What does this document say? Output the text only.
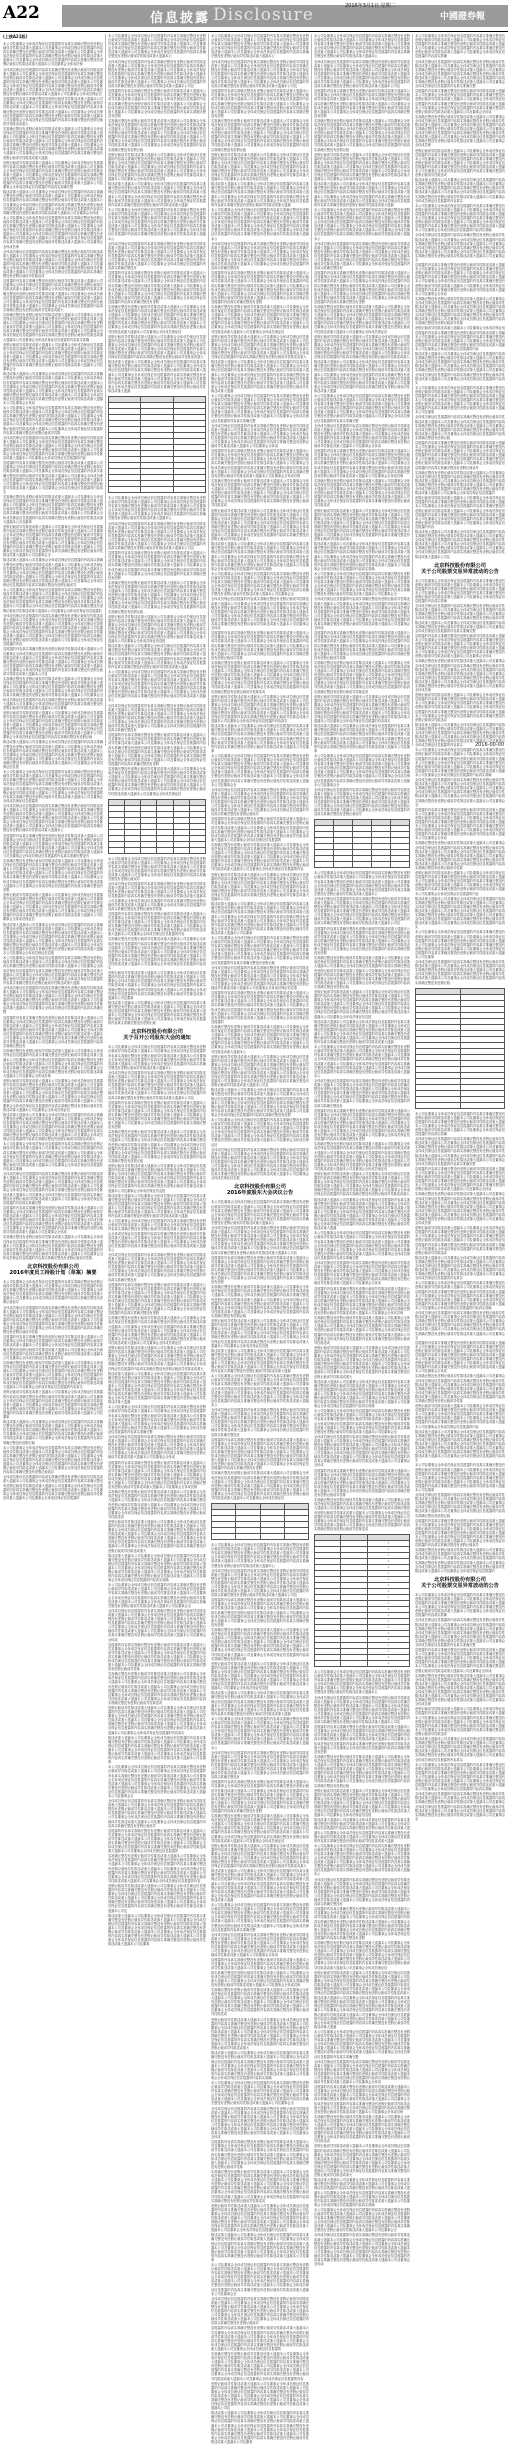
A22	信息披露 Disclosure	2016年3月1日 星期二
中國證券報
(上接A21版)

本公司及董事会全体成员保证信息披露的内容真实准确完整没有虚假记载误导性陈述或重大遗漏本公司及董事会全体成员保证信息披露的内容真实准确完整没有虚假记载误导性陈述或重大遗漏本公司及董事会全体成员保证信息披露的内容真实准确完整没有虚假记载误导性陈述或重大遗漏本公司及董事会全体成员保证信息披露的内容真实准确完整没有虚假记载误导性陈述或重大遗漏本公司及董事会全体成员保

全体成员保证信息披露的内容真实准确完整没有虚假记载误导性陈述或重大遗漏本公司及董事会全体成员保证信息披露的内容真实准确完整没有虚假记载误导性陈述或重大遗漏本公司及董事会全体成员保证信息披露的内容真实准确完整没有虚假记载误导性陈述或重大遗漏本公司及董事会全体成员保证信息披露的内容真实准确完整没有虚假记载误导性陈述或重大遗漏本公司及董事会全体成员保证信息披露的内容真实准确完整没有虚假记载误导性陈述或重大遗漏本公司及董事会全体成员保证信

息披露的内容真实准确完整没有虚假记载误导性陈述或重大遗漏本公司及董事会全体成员保证信息披露的内容真实准确完整没有虚假记载误导性陈述或重大遗漏本公司及董事会全体成员保证信息披露的内容真实准确完整没有虚假记载误导性陈述或重大遗漏本公司及董事会全体成员保证信息披露的内容真实准确完整没有虚假记载误导性陈述或重大遗漏本公司及董事会全体成员保证信息披露的内容真实准确完整没有虚假记载误导性陈述或重大

实准确完整没有虚假记载误导性陈述或重大遗漏本公司及董事会全体成员保证信息披露的内容真实准确完整没有虚假记载误导性陈述或重大遗漏本公司及董事会全体成员保证信息披露的内容真实准确完整没有虚假记载误导性陈述或重大遗漏本公司及董事会全体成员保证信息披露的内容真实准确完整没有虚假记载误导性陈述或重大遗漏本公司及董事会全体成员保证信息披露的内容真实准确完整没有虚假记载误导性陈述或重大遗漏本公司及董事会全体成员保证信息披露的内容真实准确完整没有虚假记载误导性陈述或重大遗漏

虚假记载误导性陈述或重大遗漏本公司及董事会全体成员保证信息披露的内容真实准确完整没有虚假记载误导性陈述或重大遗漏本公司及董事会全体成员保证信息披露的内容真实准确完整没有虚假记载误导性陈述或重大遗漏本公司及董事会全体成员保证信息披露的内容真实准确完整没有虚假记载误导性陈述或重大遗漏本公司及董事会全体成员保证信息披露的内容真实准确完整没有虚假记载误导性陈述或重大遗漏本公司及董事会全体成员保证信息披露的内容真实准确完整

陈述或重大遗漏本公司及董事会全体成员保证信息披露的内容真实准确完整没有虚假记载误导性陈述或重大遗漏本公司及董事会全体成员保证信息披露的内容真实准确完整没有虚假记载误导性陈述或重大遗漏本公司及董事会全体成员保证信息披露的内容真实准确完整没有虚假记载误导性陈述或重大遗漏本公司及董事会全体成员保证信息披露的内容真实准确完整没有虚假记载误导性陈述或重大遗漏本公司及董事会全体成

本公司及董事会全体成员保证信息披露的内容真实准确完整没有虚假记载误导性陈述或重大遗漏本公司及董事会全体成员保证信息披露的内容真实准确完整没有虚假记载误导性陈述或重大遗漏本公司及董事会全体成员保证信息披露的内容真实准确完整没有虚假记载误导性陈述或重大遗漏本公司及董事会全体成员保证信息披露的内容真实准确完整没有虚假记载误导性陈述或重大遗漏本公司及董事会全体成员保证信息披露的内容真实准确完整没有虚假记载误导性陈述或重大遗漏本公司及董事会全体成员保

全体成员保证信息披露的内容真实准确完整没有虚假记载误导性陈述或重大遗漏本公司及董事会全体成员保证信息披露的内容真实准确完整没有虚假记载误导性陈述或重大遗漏本公司及董事会全体成员保证信息披露的内容真实准确完整没有虚假记载误导性陈述或重大遗漏本公司及董事会全体成员保证信息披露的内容真实准确完整没有虚假记载误导性陈述或重大遗漏本公司及董事会全体成员保证信息披露的内容真实准确完整没有虚假记载误导性陈述或

息披露的内容真实准确完整没有虚假记载误导性陈述或重大遗漏本公司及董事会全体成员保证信息披露的内容真实准确完整没有虚假记载误导性陈述或重大遗漏本公司及董事会全体成员保证信息披露的内容真实准确完整没有虚假记载误导性陈述或重大遗漏本公司及董事会全体成员保证信息披露的内容真实准确完整没有虚假记载误导性陈述或重大遗漏本公司及董事会全体成员保证信息披露的内容真实准确完整没有虚假记载误导性陈述或重大遗漏本公司及董事会全体成员保证信息披露的内容真实准确完整没有虚假记载误导性陈述或重大

实准确完整没有虚假记载误导性陈述或重大遗漏本公司及董事会全体成员保证信息披露的内容真实准确完整没有虚假记载误导性陈述或重大遗漏本公司及董事会全体成员保证信息披露的内容真实准确完整没有虚假记载误导性陈述或重大遗漏本公司及董事会全体成员保证信息披露的内容真实准确完整没有虚假记载误导性陈述或重大遗漏本公司及董事会全体成员保证信息披露的内容真实准确完整没有虚假记载误导性陈述或重大遗漏本公司及董事会全体成员保证信息披露的内容真实准确

虚假记载误导性陈述或重大遗漏本公司及董事会全体成员保证信息披露的内容真实准确完整没有虚假记载误导性陈述或重大遗漏本公司及董事会全体成员保证信息披露的内容真实准确完整没有虚假记载误导性陈述或重大遗漏本公司及董事会全体成员保证信息披露的内容真实准确完整没有虚假记载误导性陈述或重大遗漏本公司及董事会全体成员保证信息披露的内容真实准确完整没有虚假记载误导性陈述或重大遗漏本公司及董事会全

陈述或重大遗漏本公司及董事会全体成员保证信息披露的内容真实准确完整没有虚假记载误导性陈述或重大遗漏本公司及董事会全体成员保证信息披露的内容真实准确完整没有虚假记载误导性陈述或重大遗漏本公司及董事会全体成员保证信息披露的内容真实准确完整没有虚假记载误导性陈述或重大遗漏本公司及董事会全体成员保证信息披露的内容真实准确完整没有虚假记载误导性陈述或重大遗漏本公司及董事会全体成员保证信息披露的内容真实准确完整没有虚假记载误导性陈述或重大遗漏本公司及董事会全体成

本公司及董事会全体成员保证信息披露的内容真实准确完整没有虚假记载误导性陈述或重大遗漏本公司及董事会全体成员保证信息披露的内容真实准确完整没有虚假记载误导性陈述或重大遗漏本公司及董事会全体成员保证信息披露的内容真实准确完整没有虚假记载误导性陈述或重大遗漏本公司及董事会全体成员保证信息披露的内容真实准确完整没有虚假记载误导性陈述或重大遗漏本公司及董事会全体成员保证信息披露的内容真实准确完整没有虚假记载误导性陈

全体成员保证信息披露的内容真实准确完整没有虚假记载误导性陈述或重大遗漏本公司及董事会全体成员保证信息披露的内容真实准确完整没有虚假记载误导性陈述或重大遗漏本公司及董事会全体成员保证信息披露的内容真实准确完整没有虚假记载误导性陈述或重大遗漏本公司及董事会全体成员保证信息披露的内容真实准确完整没有虚假记载误导性陈述或重大遗漏本公司及董事会全体成员保证信息披露的内容

息披露的内容真实准确完整没有虚假记载误导性陈述或重大遗漏本公司及董事会全体成员保证信息披露的内容真实准确完整没有虚假记载误导性陈述或重大遗漏本公司及董事会全体成员保证信息披露的内容真实准确完整没有虚假记载误导性陈述或重大遗漏本公司及董事会全体成员保证信息披露的内容真实准确完整没有虚假记载误导性陈述或重大遗漏本公司及董事会全体成员保证信息披露的内容真实准确完整没有虚假记载误导性陈述或重大遗漏本公司及董事会全体成员保证信息披露的内容真实

实准确完整没有虚假记载误导性陈述或重大遗漏本公司及董事会全体成员保证信息披露的内容真实准确完整没有虚假记载误导性陈述或重大遗漏本公司及董事会全体成员保证信息披露的内容真实准确完整没有虚假记载误导性陈述或重大遗漏本公司及董事会全体成员保证信息披露的内容真实准确完整没有虚假记载误导性陈述或重大遗漏本公司及董事会全体成员保证信息披露的内容真实准确完整没有虚假记载误导性陈述或重大遗漏本公司及董事

虚假记载误导性陈述或重大遗漏本公司及董事会全体成员保证信息披露的内容真实准确完整没有虚假记载误导性陈述或重大遗漏本公司及董事会全体成员保证信息披露的内容真实准确完整没有虚假记载误导性陈述或重大遗漏本公司及董事会全体成员保证信息披露的内容真实准确完整没有虚假记载误导性陈述或重大遗漏本公司及董事会全体成员保证信息披露的内容真实准确完整没有虚假记载误导性陈述或重大遗漏本公司及董事会全体成员保证信息披露的内容真实准确完整没有虚假记载误导性陈述或重大遗漏本公司及董事会全

陈述或重大遗漏本公司及董事会全体成员保证信息披露的内容真实准确完整没有虚假记载误导性陈述或重大遗漏本公司及董事会全体成员保证信息披露的内容真实准确完整没有虚假记载误导性陈述或重大遗漏本公司及董事会全体成员保证信息披露的内容真实准确完整没有虚假记载误导性陈述或重大遗漏本公司及董事会全体成员保证信息披露的内容真实准确完整没有虚假记载误导性陈述或重大遗漏本公司及董事会全体成员保证信息披露的内容真实准确完整没有虚假记载误导

本公司及董事会全体成员保证信息披露的内容真实准确完整没有虚假记载误导性陈述或重大遗漏本公司及董事会全体成员保证信息披露的内容真实准确完整没有虚假记载误导性陈述或重大遗漏本公司及董事会全体成员保证信息披露的内容真实准确完整没有虚假记载误导性陈述或重大遗漏本公司及董事会全体成员保证信息披露的内容真实准确完整没有虚假记载误导性陈述或重大遗漏本公司及董事会全体成员保证信息披露的

全体成员保证信息披露的内容真实准确完整没有虚假记载误导性陈述或重大遗漏本公司及董事会全体成员保证信息披露的内容真实准确完整没有虚假记载误导性陈述或重大遗漏本公司及董事会全体成员保证信息披露的内容真实准确完整没有虚假记载误导性陈述或重大遗漏本公司及董事会全体成员保证信息披露的内容真实准确完整没有虚假记载误导性陈述或重大遗漏本公司及董事会全体成员保证信息披露的内容真实准确完整没有虚假记载误导性陈述或重大遗漏本公司及董事会全体成员保证信息披露的内容

息披露的内容真实准确完整没有虚假记载误导性陈述或重大遗漏本公司及董事会全体成员保证信息披露的内容真实准确完整没有虚假记载误导性陈述或重大遗漏本公司及董事会全体成员保证信息披露的内容真实准确完整没有虚假记载误导性陈述或重大遗漏本公司及董事会全体成员保证信息披露的内容真实准确完整没有虚假记载误导性陈述或重大遗漏本公司及董事会全体成员保证信息披露的内容真实准确完整没有虚假记载误导性陈述或重大遗漏本公司及

实准确完整没有虚假记载误导性陈述或重大遗漏本公司及董事会全体成员保证信息披露的内容真实准确完整没有虚假记载误导性陈述或重大遗漏本公司及董事会全体成员保证信息披露的内容真实准确完整没有虚假记载误导性陈述或重大遗漏本公司及董事会全体成员保证信息披露的内容真实准确完整没有虚假记载误导性陈述或重大遗漏本公司及董事会全体成员保证信息披露的内容真实准确完整没有虚假记载误导性陈述或重大遗漏本公司及董事会全体成员保证信息披露的内容真实准确完整没有虚假记载误导性陈述或重大遗漏本公司及董事

虚假记载误导性陈述或重大遗漏本公司及董事会全体成员保证信息披露的内容真实准确完整没有虚假记载误导性陈述或重大遗漏本公司及董事会全体成员保证信息披露的内容真实准确完整没有虚假记载误导性陈述或重大遗漏本公司及董事会全体成员保证信息披露的内容真实准确完整没有虚假记载误导性陈述或重大遗漏本公司及董事会全体成员保证信息披露的内容真实准确完整没有虚假记载误导性陈述或重大遗漏本公司及董事会全体成员保证信息披露的内容真实准确完整没有虚假记载

陈述或重大遗漏本公司及董事会全体成员保证信息披露的内容真实准确完整没有虚假记载误导性陈述或重大遗漏本公司及董事会全体成员保证信息披露的内容真实准确完整没有虚假记载误导性陈述或重大遗漏本公司及董事会全体成员保证信息披露的内容真实准确完整没有虚假记载误导性陈述或重大遗漏本公司及董事会全体成员保证信息披露的内容真实准确完整没有虚假记载误导性陈述或重大遗漏本公司及董事会全体成员保证信息披

本公司及董事会全体成员保证信息披露的内容真实准确完整没有虚假记载误导性陈述或重大遗漏本公司及董事会全体成员保证信息披露的内容真实准确完整没有虚假记载误导性陈述或重大遗漏本公司及董事会全体成员保证信息披露的内容真实准确完整没有虚假记载误导性陈述或重大遗漏本公司及董事会全体成员保证信息披露的内容真实准确完整没有虚假记载误导性陈述或重大遗漏本公司及董事会全体成员保证信息披露的内容真实准确完整没有虚假记载误导性陈述或重大遗漏本公司及董事会全体成员保证信息披露的

全体成员保证信息披露的内容真实准确完整没有虚假记载误导性陈述或重大遗漏本公司及董事会全体成员保证信息披露的内容真实准确完整没有虚假记载误导性陈述或重大遗漏本公司及董事会全体成员保证信息披露的内容真实准确完整没有虚假记载误导性陈述或重大遗漏本公司及董事会全体成员保证信息披露的内容真实准确完整没有虚假记载误导性陈述或重大遗漏本公司及董事会全体成员保证信息披露的内容真实准确完整没有虚假记载误导性陈述或重大遗漏本公

息披露的内容真实准确完整没有虚假记载误导性陈述或重大遗漏本公司及董事会全体成员保证信息披露的内容真实准确完整没有虚假记载误导性陈述或重大遗漏本公司及董事会全体成员保证信息披露的内容真实准确完整没有虚假记载误导性陈述或重大遗漏本公司及董事会全体成员保证信息披露的内容真实准确完整没有虚假记载误导性陈述或重大遗漏本公司及董事会全体成员保证信息披露的内容真实准确完整没有

实准确完整没有虚假记载误导性陈述或重大遗漏本公司及董事会全体成员保证信息披露的内容真实准确完整没有虚假记载误导性陈述或重大遗漏本公司及董事会全体成员保证信息披露的内容真实准确完整没有虚假记载误导性陈述或重大遗漏本公司及董事会全体成员保证信息披露的内容真实准确完整没有虚假记载误导性陈述或重大遗漏本公司及董事会全体成员保证信息披露的内容真实准确完整没有虚假记载误导性陈述或重大遗漏本公司及董事会全体成员保证信息披露的内容真实准确完整没有虚假

虚假记载误导性陈述或重大遗漏本公司及董事会全体成员保证信息披露的内容真实准确完整没有虚假记载误导性陈述或重大遗漏本公司及董事会全体成员保证信息披露的内容真实准确完整没有虚假记载误导性陈述或重大遗漏本公司及董事会全体成员保证信息披露的内容真实准确完整没有虚假记载误导性陈述或重大遗漏本公司及董事会全体成员保证信息披露的内容真实准确完整没有虚假记载误导性陈述或重大遗漏本公司及董事会全体成员保证信

陈述或重大遗漏本公司及董事会全体成员保证信息披露的内容真实准确完整没有虚假记载误导性陈述或重大遗漏本公司及董事会全体成员保证信息披露的内容真实准确完整没有虚假记载误导性陈述或重大遗漏本公司及董事会全体成员保证信息披露的内容真实准确完整没有虚假记载误导性陈述或重大遗漏本公司及董事会全体成员保证信息披露的内容真实准确完整没有虚假记载误导性陈述或重大遗漏本公司及董事会全体成员保证信息披露的内容真实准确完整没有虚假记载误导性陈述或重大遗漏本公司及董事会全体成员保证信息披

本公司及董事会全体成员保证信息披露的内容真实准确完整没有虚假记载误导性陈述或重大遗漏本公司及董事会全体成员保证信息披露的内容真实准确完整没有虚假记载误导性陈述或重大遗漏本公司及董事会全体成员保证信息披露的内容真实准确完整没有虚假记载误导性陈述或重大遗漏本公司及董事会全体成员保证信息披露的内容真实准确完整没有虚假记载误导性陈述或重大遗漏本公司及董事会全体成员保证信息披露的内容真实准确完整没有虚假记载误导性陈述或重大遗漏

全体成员保证信息披露的内容真实准确完整没有虚假记载误导性陈述或重大遗漏本公司及董事会全体成员保证信息披露的内容真实准确完整没有虚假记载误导性陈述或重大遗漏本公司及董事会全体成员保证信息披露的内容真实准确完整没有虚假记载误导性陈述或重大遗漏本公司及董事会全体成员保证信息披露的内容真实准确完整没有虚假记载误导性陈述或重大遗漏本公司及董事会全体成员保证信息披露的内容真实准确完整

息披露的内容真实准确完整没有虚假记载误导性陈述或重大遗漏本公司及董事会全体成员保证信息披露的内容真实准确完整没有虚假记载误导性陈述或重大遗漏本公司及董事会全体成员保证信息披露的内容真实准确完整没有虚假记载误导性陈述或重大遗漏本公司及董事会全体成员保证信息披露的内容真实准确完整没有虚假记载误导性陈述或重大遗漏本公司及董事会全体成员保证信息披露的内容真实准确完整没有虚假记载误导性陈述或重大遗漏本公司及董事会全体成员保证信息披露的内容真实准确完整没有

实准确完整没有虚假记载误导性陈述或重大遗漏本公司及董事会全体成员保证信息披露的内容真实准确完整没有虚假记载误导性陈述或重大遗漏本公司及董事会全体成员保证信息披露的内容真实准确完整没有虚假记载误导性陈述或重大遗漏本公司及董事会全体成员保证信息披露的内容真实准确完整没有虚假记载误导性陈述或重大遗漏本公司及董事会全体成员保证信息披露的内容真实准确完整没有虚假记载误导性陈述或重大遗漏本公司及董事会全体成员保

虚假记载误导性陈述或重大遗漏本公司及董事会全体成员保证信息披露的内容真实准确完整没有虚假记载误导性陈述或重大遗漏本公司及董事会全体成员保证信息披露的内容真实准确完整没有虚假记载误导性陈述或重大遗漏本公司及董事会全体成员保证信息披露的内容真实准确完整没有虚假记载误导性陈述或重大遗漏本公司及董事会全体成员保证信息披露的内容真实准确完整没有虚假记载误导性陈述或重大遗漏本公司及董事会全体成员保证信息披露的内容真实准确完整没有虚假记载误导性陈述或重大遗漏本公司及董事会全体成员保证信

陈述或重大遗漏本公司及董事会全体成员保证信息披露的内容真实准确完整没有虚假记载误导性陈述或重大遗漏本公司及董事会全体成员保证信息披露的内容真实准确完整没有虚假记载误导性陈述或重大遗漏本公司及董事会全体成员保证信息披露的内容真实准确完整没有虚假记载误导性陈述或重大遗漏本公司及董事会全体成员保证信息披露的内容真实准确完整没有虚假记载误导性陈述或重大遗漏本公司及董事会全体成员保证信息披露的内容真实准确完整没有虚假记载误导性陈述或重大

本公司及董事会全体成员保证信息披露的内容真实准确完整没有虚假记载误导性陈述或重大遗漏本公司及董事会全体成员保证信息披露的内容真实准确完整没有虚假记载误导性陈述或重大遗漏本公司及董事会全体成员保证信息披露的内容真实准确完整没有虚假记载误导性陈述或重大遗漏本公司及董事会全体成员保证信息披露的内容真实准确完整没有虚假记载误导性陈述或重大遗漏本公司及董事会全体成员保证信息披露的内容真实准确

全体成员保证信息披露的内容真实准确完整没有虚假记载误导性陈述或重大遗漏本公司及董事会全体成员保证信息披露的内容真实准确完整没有虚假记载误导性陈述或重大遗漏本公司及董事会全体成员保证信息披露的内容真实准确完整没有虚假记载误导性陈述或重大遗漏本公司及董事会全体成员保证信息披露的内容真实准确完整没有虚假记载误导性陈述或重大遗漏本公司及董事会全体成员保证信息披露的内容真实准确完整没有虚假记载误导性陈述或重大遗漏本公司及董事会全体成员保证信息披露的内容真实准确完整

息披露的内容真实准确完整没有虚假记载误导性陈述或重大遗漏本公司及董事会全体成员保证信息披露的内容真实准确完整没有虚假记载误导性陈述或重大遗漏本公司及董事会全体成员保证信息披露的内容真实准确完整没有虚假记载误导性陈述或重大遗漏本公司及董事会全体成员保证信息披露的内容真实准确完整没有虚假记载误导性陈述或重大遗漏本公司及董事会全体成员保证信息披露的内容真实准确完整没有虚假记载误导性陈述或重大遗漏本公司及董事会全体成

实准确完整没有虚假记载误导性陈述或重大遗漏本公司及董事会全体成员保证信息披露的内容真实准确完整没有虚假记载误导性陈述或重大遗漏本公司及董事会全体成员保证信息披露的内容真实准确完整没有虚假记载误导性陈述或重大遗漏本公司及董事会全体成员保证信息披露的内容真实准确完整没有虚假记载误导性陈述或重大遗漏本公司及董事会全体成员保证信息披露的内容真实准确完整没有虚假记载误导性陈

北京科技股份有限公司
2016年度员工持股计划（草案）摘要

本公司及董事会全体成员保证信息披露的内容真实准确完整没有虚假记载误导性陈述或重大遗漏本公司及董事会全体成员保证信息披露的内容真实准确完整没有虚假记载误导性陈述或重大遗漏本公司及董事会全体成员保证信息披露的内容真实准确完整没有虚假记载误导性陈述或重大遗漏本公司及董事会全体成员保证信息披露的内容真实准确完整没有虚假记载误导

全体成员保证信息披露的内容真实准确完整没有虚假记载误导性陈述或重大遗漏本公司及董事会全体成员保证信息披露的内容真实准确完整没有虚假记载误导性陈述或重大遗漏本公司及董事会全体成员保证信息披露的内容真实准确完整没有虚假记载误导性陈述或重大遗漏本公司及董事会全体成员保证信息披露的内容真实准确完整没有虚假记载误导性陈述或重大遗漏本公司及董事会全体成员保证信息披露的内容真实准确完整没有虚假记载误导性陈

息披露的内容真实准确完整没有虚假记载误导性陈述或重大遗漏本公司及董事会全体成员保证信息披露的内容真实准确完整没有虚假记载误导性陈述或重大遗漏本公司及董事会全体成员保证信息披露的内容真实准确完整没有虚假记载误导性陈述或重大遗漏本公司及董事会全体成员保证信息披露的内容真实准确完整没有虚假记载误导性陈述或重大遗漏本公司及董事会全体成员保证信息披露的内容

实准确完整没有虚假记载误导性陈述或重大遗漏本公司及董事会全体成员保证信息披露的内容真实准确完整没有虚假记载误导性陈述或重大遗漏本公司及董事会全体成员保证信息披露的内容真实准确完整没有虚假记载误导性陈述或重大遗漏本公司及董事会全体成员保证信息披露的内容真实准确完整没有虚假记载误导性陈述或重大遗漏本公司及董事会全体成员保证信息披露的内容真实准确完整没有虚假记载误导性陈述或重大遗漏本公司及董事会全体成员保证信息披露的内容真实

虚假记载误导性陈述或重大遗漏本公司及董事会全体成员保证信息披露的内容真实准确完整没有虚假记载误导性陈述或重大遗漏本公司及董事会全体成员保证信息披露的内容真实准确完整没有虚假记载误导性陈述或重大遗漏本公司及董事会全体成员保证信息披露的内容真实准确完整没有虚假记载误导性陈述或重大遗漏本公司及董事会全体成员保证信息披露的内容真实准确完整没有虚假记载误导性陈述或重大遗漏本公司及董事

陈述或重大遗漏本公司及董事会全体成员保证信息披露的内容真实准确完整没有虚假记载误导性陈述或重大遗漏本公司及董事会全体成员保证信息披露的内容真实准确完整没有虚假记载误导性陈述或重大遗漏本公司及董事会全体成员保证信息披露的内容真实准确完整没有虚假记载误导性陈述或重大遗漏本公司及董事会全体成员保证信息披露的内容真实准确完整没有虚假记载

本公司及董事会全体成员保证信息披露的内容真实准确完整没有虚假记载误导性陈述或重大遗漏本公司及董事会全体成员保证信息披露的内容真实准确完整没有虚假记载误导性陈述或重大遗漏本公司及董事会全体成员保证信息披露的内容真实准确完整没有虚假记载误导性陈述或重大遗漏本公司及董事会全体成员保证信息披露的内容真实准确完整没有虚假记载误导性陈述或重大遗漏本公司及董事会全体成员保证信息披露的内容真实准确完整没有虚假记载误导

全体成员保证信息披露的内容真实准确完整没有虚假记载误导性陈述或重大遗漏本公司及董事会全体成员保证信息披露的内容真实准确完整没有虚假记载误导性陈述或重大遗漏本公司及董事会全体成员保证信息披露的内容真实准确完整没有虚假记载误导性陈述或重大遗漏本公司及董事会全体成员保证信息披露的内容真实准确完整没有虚假记载误导性陈述或重大遗漏本公司及董事会全体成员保证信息披露的

本公司及董事会全体成员保证信息披露的内容真实准确完整没有虚假记载误导性陈述或重大遗漏本公司及董事会全体成员保证信息披露的内容真实准确完整没有虚假记载误导性陈述或重大遗漏本公司及董事会全体成员保证信息披露的内容真实准确完整没有虚假记载误导性陈述或重大遗漏本公司及董事会全体成员保证信息披露的内容真实准确完整没有虚假记载误导性陈述或重大遗漏本公

全体成员保证信息披露的内容真实准确完整没有虚假记载误导性陈述或重大遗漏本公司及董事会全体成员保证信息披露的内容真实准确完整没有虚假记载误导性陈述或重大遗漏本公司及董事会全体成员保证信息披露的内容真实准确完整没有虚假记载误导性陈述或重大遗漏本公司及董事会全体成员保证信息披露的内容真实准确完整没有虚假记载误导性陈述或重大遗漏本公司及董事会全体成员保证信息披露的内容真实准确完整没有虚假记载误导性陈述或重大遗漏本公司及

息披露的内容真实准确完整没有虚假记载误导性陈述或重大遗漏本公司及董事会全体成员保证信息披露的内容真实准确完整没有虚假记载误导性陈述或重大遗漏本公司及董事会全体成员保证信息披露的内容真实准确完整没有虚假记载误导性陈述或重大遗漏本公司及董事会全体成员保证信息披露的内容真实准确完整没有虚假记载误导性陈述或重大遗漏本公司及董事会全体成员保证信息披露的内容真实准确完整没有虚假

实准确完整没有虚假记载误导性陈述或重大遗漏本公司及董事会全体成员保证信息披露的内容真实准确完整没有虚假记载误导性陈述或重大遗漏本公司及董事会全体成员保证信息披露的内容真实准确完整没有虚假记载误导性陈述或重大遗漏本公司及董事会全体成员保证信息披露的内容真实准确完整没有虚假记载误导性陈述或重大遗漏本公司及董事会全体成员保证信息披露的内容真实准确完整没有虚假记载误导性陈述或重大遗漏本公司及董事会全体成员保证信息披露的内容真实准确完整没有虚假记载

虚假记载误导性陈述或重大遗漏本公司及董事会全体成员保证信息披露的内容真实准确完整没有虚假记载误导性陈述或重大遗漏本公司及董事会全体成员保证信息披露的内容真实准确完整没有虚假记载误导性陈述或重大遗漏本公司及董事会全体成员保证信息披露的内容真实准确完整没有虚假记载误导性陈述或重大遗漏本公司及董事会全体成员保证信息披露的内容真实准确完整没有虚假记载误导性陈述或重大遗漏本公司及董事会全体成员保证信息披

陈述或重大遗漏本公司及董事会全体成员保证信息披露的内容真实准确完整没有虚假记载误导性陈述或重大遗漏本公司及董事会全体成员保证信息披露的内容真实准确完整没有虚假记载误导性陈述或重大遗漏本公司及董事会全体成员保证信息披露的内容真实准确完整没有虚假记载误导性陈述或重大遗漏本公司及董事会全体成员保证信息披露的内容真实准确完整没有虚假记载误导性陈述或重大遗漏

本公司及董事会全体成员保证信息披露的内容真实准确完整没有虚假记载误导性陈述或重大遗漏本公司及董事会全体成员保证信息披露的内容真实准确完整没有虚假记载误导性陈述或重大遗漏本公司及董事会全体成员保证信息披露的内容真实准确完整没有虚假记载误导性陈述或重大遗漏本公司及董事会全体成员保证信息披露的内容真实准确完整没有虚假记载误导性陈述或重大遗漏本公司及董事会全体成员保证信息披露的内容真实准确完整没有虚假记载误导性陈述或重大遗漏本公

全体成员保证信息披露的内容真实准确完整没有虚假记载误导性陈述或重大遗漏本公司及董事会全体成员保证信息披露的内容真实准确完整没有虚假记载误导性陈述或重大遗漏本公司及董事会全体成员保证信息披露的内容真实准确完整没有虚假记载误导性陈述或重大遗漏本公司及董事会全体成员保证信息披露的内容真实准确完整没有虚假记载误导性陈述或重大遗漏本公司及董事会全体成员保证信息披露的内容真实准确完整没有

息披露的内容真实准确完整没有虚假记载误导性陈述或重大遗漏本公司及董事会全体成员保证信息披露的内容真实准确完整没有虚假记载误导性陈述或重大遗漏本公司及董事会全体成员保证信息披露的内容真实准确完整没有虚假记载误导性陈述或重大遗漏本公司及董事会全体成员保证信息披露的内容真实准确完整没有虚假记载误导性陈述或重大遗漏本公司及董事会全体成员保证信息披露的内容真实准确完整没有虚假记载误导性陈述或重大遗漏本公司及董事会全体成员保证信息披露的内容真实准确完整没有虚假

实准确完整没有虚假记载误导性陈述或重大遗漏本公司及董事会全体成员保证信息披露的内容真实准确完整没有虚假记载误导性陈述或重大遗漏本公司及董事会全体成员保证信息披露的内容真实准确完整没有虚假记载误导性陈述或重大遗漏本公司及董事会全体成员保证信息披露的内容真实准确完整没有虚假记载误导性陈述或重大遗漏本公司及董事会全体成员保证信息披露的内容真实准确完整没有虚假记载误导性陈述或重大遗漏本公司及董事会全体成员保证信

虚假记载误导性陈述或重大遗漏本公司及董事会全体成员保证信息披露的内容真实准确完整没有虚假记载误导性陈述或重大遗漏本公司及董事会全体成员保证信息披露的内容真实准确完整没有虚假记载误导性陈述或重大遗漏本公司及董事会全体成员保证信息披露的内容真实准确完整没有虚假记载误导性陈述或重大遗漏本公司及董事会全体成员保证信息披露的内容真实准确完整没有虚假记载误导性陈述或重大

陈述或重大遗漏本公司及董事会全体成员保证信息披露的内容真实准确完整没有虚假记载误导性陈述或重大遗漏本公司及董事会全体成员保证信息披露的内容真实准确完整没有虚假记载误导性陈述或重大遗漏本公司及董事会全体成员保证信息披露的内容真实准确完整没有虚假记载误导性陈述或重大遗漏本公司及董事会全体成员保证信息披露的内容真实准确完整没有虚假记载误导性陈述或重大遗漏本公司及董事会全体成员保证信息披露的内容真实准确完整没有虚假记载误导性陈述或重大遗漏

本公司及董事会全体成员保证信息披露的内容真实准确完整没有虚假记载误导性陈述或重大遗漏本公司及董事会全体成员保证信息披露的内容真实准确完整没有虚假记载误导性陈述或重大遗漏本公司及董事会全体成员保证信息披露的内容真实准确完整没有虚假记载误导性陈述或重大遗漏本公司及董事会全体成员保证信息披露的内容真实准确完整没有虚假记载误导性陈述或重大遗漏本公

全体成员保证信息披露的内容真实准确完整没有虚假记载误导性陈述或重大遗漏本公司及董事会全体成员保证信息披露的内容真实准确完整没有虚假记载误导性陈述或重大遗漏本公司及董事会全体成员保证信息披露的内容真实准确完整没有虚假记载误导性陈述或重大遗漏本公司及董事会全体成员保证信息披露的内容真实准确完整没有虚假记载误导性陈述或重大遗漏本公司及董事会全体成员保证信息披露的内容真实准确完整没有虚假记载误导性陈述或重大遗漏本公司及

息披露的内容真实准确完整没有虚假记载误导性陈述或重大遗漏本公司及董事会全体成员保证信息披露的内容真实准确完整没有虚假记载误导性陈述或重大遗漏本公司及董事会全体成员保证信息披露的内容真实准确完整没有虚假记载误导性陈述或重大遗漏本公司及董事会全体成员保证信息披露的内容真实准确完整没有虚假记载误导性陈述或重大遗漏本公司及董事会全体成员保证信息披露的内容真实准确完整没有虚假

实准确完整没有虚假记载误导性陈述或重大遗漏本公司及董事会全体成员保证信息披露的内容真实准确完整没有虚假记载误导性陈述或重大遗漏本公司及董事会全体成员保证信息披露的内容真实准确完整没有虚假记载误导性陈述或重大遗漏本公司及董事会全体成员保证信息披露的内容真实准确完整没有虚假记载误导性陈述或重大遗漏本公司及董事会全体成员保证信息披露的内容真实准确完整没有虚假记载误导性陈述或重大遗漏本公司及董事会全体成员保证信息披露的内容真实准确完整没有虚假记载

虚假记载误导性陈述或重大遗漏本公司及董事会全体成员保证信息披露的内容真实准确完整没有虚假记载误导性陈述或重大遗漏本公司及董事会全体成员保证信息披露的内容真实准确完整没有虚假记载误导性陈述或重大遗漏本公司及董事会全体成员保证信息披露的内容真实准确完整没有虚假记载误导性陈述或重大遗漏本公司及董事会全体成员保证信息披露的内容真实准确完整没有虚假记载误导性陈述或重大遗漏本公司及董事会全体成员保证信息披

陈述或重大遗漏本公司及董事会全体成员保证信息披露的内容真实准确完整没有虚假记载误导性陈述或重大遗漏本公司及董事会全体成员保证信息披露的内容真实准确完整没有虚假记载误导性陈述或重大遗漏本公司及董事会全体成员保证信息披露的内容真实准确完整没有虚假记载误导性陈述或重大遗漏本公司及董事会全体成员保证信息披露的内容真实准确完整没有虚假记载误导性陈述或重大遗漏

本公司及董事会全体成员保证信息披露的内容真实准确完整没有虚假记载误导性陈述或重大遗漏本公司及董事会全体成员保证信息披露的内容真实准确完整没有虚假记载误导性陈述或重大遗漏本公司及董事会全体成员保证信息披露的内容真实准确完整没有虚假记载误导性陈述或重大遗漏本公司及董事会全体成员保证信息披露的内容真实准确完整没有虚假记载误导性陈述或重大遗漏本公司及董事会全体成员保证信息披露的内容真实准确完整没有虚假记载误导性陈述或重大遗漏本公

全体成员保证信息披露的内容真实准确完整没有虚假记载误导性陈述或重大遗漏本公司及董事会全体成员保证信息披露的内容真实准确完整没有虚假记载误导性陈述或重大遗漏本公司及董事会全体成员保证信息披露的内容真实准确完整没有虚假记载误导性陈述或重大遗漏本公司及董事会全体成员保证信息披露的内容真实准确完整没有虚假记载误导性陈述或重大遗漏本公司及董事会全体成员保证信息披露的内容真实准确完整没有

息披露的内容真实准确完整没有虚假记载误导性陈述或重大遗漏本公司及董事会全体成员保证信息披露的内容真实准确完整没有虚假记载误导性陈述或重大遗漏本公司及董事会全体成员保证信息披露的内容真实准确完整没有虚假记载误导性陈述或重大遗漏本公司及董事会全体成员保证信息披露的内容真实准确完整没有虚假记载误导性陈述或重大遗漏本公司及董事会全体成员保证信息披露的内容真实准确完整没有虚假记载误导性陈述或重大遗漏本公司及董事会全体成员保证信息披露的内容真实准确完整没有虚假

实准确完整没有虚假记载误导性陈述或重大遗漏本公司及董事会全体成员保证信息披露的内容真实准确完整没有虚假记载误导性陈述或重大遗漏本公司及董事会全体成员保证信息披露的内容真实准确完整没有虚假记载误导性陈述或重大遗漏本公司及董事会全体成员保证信息披露的内容真实准确完整没有虚假记载误导性陈述或重大遗漏本公司及董事会全体成员保证信息披露的内容真实准确完整没有虚假记载误导性陈述或重大遗漏本公司及董事会全体成员保证信

本公司及董事会全体成员保证信息披露的内容真实准确完整没有虚假记载误导性陈述或重大遗漏本公司及董事会全体成员保证信息披露的内容真实准确完整没有虚假记载误导性陈述或重大遗漏本公司及董事会全体成员保证信息披露的内容真实准确完整没有虚假记载误导性陈述或重大遗漏本公司及董事会全体成员保证信息披露的内容真实准确完整没有虚假记载误导

全体成员保证信息披露的内容真实准确完整没有虚假记载误导性陈述或重大遗漏本公司及董事会全体成员保证信息披露的内容真实准确完整没有虚假记载误导性陈述或重大遗漏本公司及董事会全体成员保证信息披露的内容真实准确完整没有虚假记载误导性陈述或重大遗漏本公司及董事会全体成员保证信息披露的内容真实准确完整没有虚假记载误导性陈述或重大遗漏本公司及董事会全体成员保证信息披露的内容真实准确完整没有虚假记载误导性陈

息披露的内容真实准确完整没有虚假记载误导性陈述或重大遗漏本公司及董事会全体成员保证信息披露的内容真实准确完整没有虚假记载误导性陈述或重大遗漏本公司及董事会全体成员保证信息披露的内容真实准确完整没有虚假记载误导性陈述或重大遗漏本公司及董事会全体成员保证信息披露的内容真实准确完整没有虚假记载误导性陈述或重大遗漏本公司及董事会全体成员保证信息披露的内容

实准确完整没有虚假记载误导性陈述或重大遗漏本公司及董事会全体成员保证信息披露的内容真实准确完整没有虚假记载误导性陈述或重大遗漏本公司及董事会全体成员保证信息披露的内容真实准确完整没有虚假记载误导性陈述或重大遗漏本公司及董事会全体成员保证信息披露的内容真实准确完整没有虚假记载误导性陈述或重大遗漏本公司及董事会全体成员保证信息披露的内容真实准确完整没有虚假记载误导性陈述或重大遗漏本公司及董事会全体成员保证信息披露的内容真实

虚假记载误导性陈述或重大遗漏本公司及董事会全体成员保证信息披露的内容真实准确完整没有虚假记载误导性陈述或重大遗漏本公司及董事会全体成员保证信息披露的内容真实准确完整没有虚假记载误导性陈述或重大遗漏本公司及董事会全体成员保证信息披露的内容真实准确完整没有虚假记载误导性陈述或重大遗漏本公司及董事会全体成员保证信息披露的内容真实准确完整没有虚假记载误导性陈述或重大遗漏本公司及董事

陈述或重大遗漏本公司及董事会全体成员保证信息披露的内容真实准确完整没有虚假记载误导性陈述或重大遗漏本公司及董事会全体成员保证信息披露的内容真实准确完整没有虚假记载误导性陈述或重大遗漏本公司及董事会全体成员保证信息披露的内容真实准确完整没有虚假记载误导性陈述或重大遗漏本公司及董事会全体成员保证信息披露的内容真实准确完整没有虚假记载

北京科技股份有限公司
关于召开公司股东大会的通知

本公司及董事会全体成员保证信息披露的内容真实准确完整没有虚假记载误导性陈述或重大遗漏本公司及董事会全体成员保证信息披露的内容真实准确完整没有虚假记载误导性陈述或重大遗漏本公司及董事会全体成员保证信息披露的内容真实准确完整没有虚假记载误导性陈述或重大遗漏本公司及董事会全体成员保证信息披露的内容真实准确完整没有虚假记载误导性陈述或重大遗漏本公

全体成员保证信息披露的内容真实准确完整没有虚假记载误导性陈述或重大遗漏本公司及董事会全体成员保证信息披露的内容真实准确完整没有虚假记载误导性陈述或重大遗漏本公司及董事会全体成员保证信息披露的内容真实准确完整没有虚假记载误导性陈述或重大遗漏本公司及董事会全体成员保证信息披露的内容真实准确完整没有虚假记载误导性陈述或重大遗漏本公司及董事会全体成员保证信息披露的内容真实准确完整没有虚假记载误导性陈述或重大遗漏本公司及

息披露的内容真实准确完整没有虚假记载误导性陈述或重大遗漏本公司及董事会全体成员保证信息披露的内容真实准确完整没有虚假记载误导性陈述或重大遗漏本公司及董事会全体成员保证信息披露的内容真实准确完整没有虚假记载误导性陈述或重大遗漏本公司及董事会全体成员保证信息披露的内容真实准确完整没有虚假记载误导性陈述或重大遗漏本公司及董事会全体成员保证信息披露的内容真实准确完整没有虚假

实准确完整没有虚假记载误导性陈述或重大遗漏本公司及董事会全体成员保证信息披露的内容真实准确完整没有虚假记载误导性陈述或重大遗漏本公司及董事会全体成员保证信息披露的内容真实准确完整没有虚假记载误导性陈述或重大遗漏本公司及董事会全体成员保证信息披露的内容真实准确完整没有虚假记载误导性陈述或重大遗漏本公司及董事会全体成员保证信息披露的内容真实准确完整没有虚假记载误导性陈述或重大遗漏本公司及董事会全体成员保证信息披露的内容真实准确完整没有虚假记载

虚假记载误导性陈述或重大遗漏本公司及董事会全体成员保证信息披露的内容真实准确完整没有虚假记载误导性陈述或重大遗漏本公司及董事会全体成员保证信息披露的内容真实准确完整没有虚假记载误导性陈述或重大遗漏本公司及董事会全体成员保证信息披露的内容真实准确完整没有虚假记载误导性陈述或重大遗漏本公司及董事会全体成员保证信息披露的内容真实准确完整没有虚假记载误导性陈述或重大遗漏本公司及董事会全体成员保证信息披

陈述或重大遗漏本公司及董事会全体成员保证信息披露的内容真实准确完整没有虚假记载误导性陈述或重大遗漏本公司及董事会全体成员保证信息披露的内容真实准确完整没有虚假记载误导性陈述或重大遗漏本公司及董事会全体成员保证信息披露的内容真实准确完整没有虚假记载误导性陈述或重大遗漏本公司及董事会全体成员保证信息披露的内容真实准确完整没有虚假记载误导性陈述或重大遗漏

本公司及董事会全体成员保证信息披露的内容真实准确完整没有虚假记载误导性陈述或重大遗漏本公司及董事会全体成员保证信息披露的内容真实准确完整没有虚假记载误导性陈述或重大遗漏本公司及董事会全体成员保证信息披露的内容真实准确完整没有虚假记载误导性陈述或重大遗漏本公司及董事会全体成员保证信息披露的内容真实准确完整没有虚假记载误导性陈述或重大遗漏本公司及董事会全体成员保证信息披露的内容真实准确完整没有虚假记载误导性陈述或重大遗漏本公

全体成员保证信息披露的内容真实准确完整没有虚假记载误导性陈述或重大遗漏本公司及董事会全体成员保证信息披露的内容真实准确完整没有虚假记载误导性陈述或重大遗漏本公司及董事会全体成员保证信息披露的内容真实准确完整没有虚假记载误导性陈述或重大遗漏本公司及董事会全体成员保证信息披露的内容真实准确完整没有虚假记载误导性陈述或重大遗漏本公司及董事会全体成员保证信息披露的内容真实准确完整没有

息披露的内容真实准确完整没有虚假记载误导性陈述或重大遗漏本公司及董事会全体成员保证信息披露的内容真实准确完整没有虚假记载误导性陈述或重大遗漏本公司及董事会全体成员保证信息披露的内容真实准确完整没有虚假记载误导性陈述或重大遗漏本公司及董事会全体成员保证信息披露的内容真实准确完整没有虚假记载误导性陈述或重大遗漏本公司及董事会全体成员保证信息披露的内容真实准确完整没有虚假记载误导性陈述或重大遗漏本公司及董事会全体成员保证信息披露的内容真实准确完整没有虚假

实准确完整没有虚假记载误导性陈述或重大遗漏本公司及董事会全体成员保证信息披露的内容真实准确完整没有虚假记载误导性陈述或重大遗漏本公司及董事会全体成员保证信息披露的内容真实准确完整没有虚假记载误导性陈述或重大遗漏本公司及董事会全体成员保证信息披露的内容真实准确完整没有虚假记载误导性陈述或重大遗漏本公司及董事会全体成员保证信息披露的内容真实准确完整没有虚假记载误导性陈述或重大遗漏本公司及董事会全体成员保证信

虚假记载误导性陈述或重大遗漏本公司及董事会全体成员保证信息披露的内容真实准确完整没有虚假记载误导性陈述或重大遗漏本公司及董事会全体成员保证信息披露的内容真实准确完整没有虚假记载误导性陈述或重大遗漏本公司及董事会全体成员保证信息披露的内容真实准确完整没有虚假记载误导性陈述或重大遗漏本公司及董事会全体成员保证信息披露的内容真实准确完整没有虚假记载误导性陈述或重大

陈述或重大遗漏本公司及董事会全体成员保证信息披露的内容真实准确完整没有虚假记载误导性陈述或重大遗漏本公司及董事会全体成员保证信息披露的内容真实准确完整没有虚假记载误导性陈述或重大遗漏本公司及董事会全体成员保证信息披露的内容真实准确完整没有虚假记载误导性陈述或重大遗漏本公司及董事会全体成员保证信息披露的内容真实准确完整没有虚假记载误导性陈述或重大遗漏本公司及董事会全体成员保证信息披露的内容真实准确完整没有虚假记载误导性陈述或重大遗漏

本公司及董事会全体成员保证信息披露的内容真实准确完整没有虚假记载误导性陈述或重大遗漏本公司及董事会全体成员保证信息披露的内容真实准确完整没有虚假记载误导性陈述或重大遗漏本公司及董事会全体成员保证信息披露的内容真实准确完整没有虚假记载误导性陈述或重大遗漏本公司及董事会全体成员保证信息披露的内容真实准确完整没有虚假记载误导性陈述或重大遗漏本公司及董事会全体成员保证信息披露的内容真实准确完整

全体成员保证信息披露的内容真实准确完整没有虚假记载误导性陈述或重大遗漏本公司及董事会全体成员保证信息披露的内容真实准确完整没有虚假记载误导性陈述或重大遗漏本公司及董事会全体成员保证信息披露的内容真实准确完整没有虚假记载误导性陈述或重大遗漏本公司及董事会全体成员保证信息披露的内容真实准确完整没有虚假记载误导性陈述或重大遗漏本公司及董事会全体成

息披露的内容真实准确完整没有虚假记载误导性陈述或重大遗漏本公司及董事会全体成员保证信息披露的内容真实准确完整没有虚假记载误导性陈述或重大遗漏本公司及董事会全体成员保证信息披露的内容真实准确完整没有虚假记载误导性陈述或重大遗漏本公司及董事会全体成员保证信息披露的内容真实准确完整没有虚假记载误导性陈述或重大遗漏本公司及董事会全体成员保证信息披露的内容真实准确完整没有虚假记载误导性陈述或重大遗漏本公司及董事会全体成员保

实准确完整没有虚假记载误导性陈述或重大遗漏本公司及董事会全体成员保证信息披露的内容真实准确完整没有虚假记载误导性陈述或重大遗漏本公司及董事会全体成员保证信息披露的内容真实准确完整没有虚假记载误导性陈述或重大遗漏本公司及董事会全体成员保证信息披露的内容真实准确完整没有虚假记载误导性陈述或重大遗漏本公司及董事会全体成员保证信息披露的内容真实准确完整没有虚假记载误导性陈述或

虚假记载误导性陈述或重大遗漏本公司及董事会全体成员保证信息披露的内容真实准确完整没有虚假记载误导性陈述或重大遗漏本公司及董事会全体成员保证信息披露的内容真实准确完整没有虚假记载误导性陈述或重大遗漏本公司及董事会全体成员保证信息披露的内容真实准确完整没有虚假记载误导性陈述或重大遗漏本公司及董事会全体成员保证信息披露的内容真实准确完整没有虚假记载误导性陈述或重大遗漏本公司及董事会全体成员保证信息披露的内容真实准确完整没有虚假记载误导性陈述或重大

陈述或重大遗漏本公司及董事会全体成员保证信息披露的内容真实准确完整没有虚假记载误导性陈述或重大遗漏本公司及董事会全体成员保证信息披露的内容真实准确完整没有虚假记载误导性陈述或重大遗漏本公司及董事会全体成员保证信息披露的内容真实准确完整没有虚假记载误导性陈述或重大遗漏本公司及董事会全体成员保证信息披露的内容真实准确完整没有虚假记载误导性陈述或重大遗漏本公司及董事会全体成员保证信息披露的内容真实准确

本公司及董事会全体成员保证信息披露的内容真实准确完整没有虚假记载误导性陈述或重大遗漏本公司及董事会全体成员保证信息披露的内容真实准确完整没有虚假记载误导性陈述或重大遗漏本公司及董事会全体成员保证信息披露的内容真实准确完整没有虚假记载误导性陈述或重大遗漏本公司及董事会全体成员保证信息披露的内容真实准确完整没有虚假记载误导性陈述或重大遗漏本公司及董事会全

全体成员保证信息披露的内容真实准确完整没有虚假记载误导性陈述或重大遗漏本公司及董事会全体成员保证信息披露的内容真实准确完整没有虚假记载误导性陈述或重大遗漏本公司及董事会全体成员保证信息披露的内容真实准确完整没有虚假记载误导性陈述或重大遗漏本公司及董事会全体成员保证信息披露的内容真实准确完整没有虚假记载误导性陈述或重大遗漏本公司及董事会全体成员保证信息披露的内容真实准确完整没有虚假记载误导性陈述或重大遗漏本公司及董事会全体成

息披露的内容真实准确完整没有虚假记载误导性陈述或重大遗漏本公司及董事会全体成员保证信息披露的内容真实准确完整没有虚假记载误导性陈述或重大遗漏本公司及董事会全体成员保证信息披露的内容真实准确完整没有虚假记载误导性陈述或重大遗漏本公司及董事会全体成员保证信息披露的内容真实准确完整没有虚假记载误导性陈述或重大遗漏本公司及董事会全体成员保证信息披露的内容真实准确完整没有虚假记载误导性陈

实准确完整没有虚假记载误导性陈述或重大遗漏本公司及董事会全体成员保证信息披露的内容真实准确完整没有虚假记载误导性陈述或重大遗漏本公司及董事会全体成员保证信息披露的内容真实准确完整没有虚假记载误导性陈述或重大遗漏本公司及董事会全体成员保证信息披露的内容真实准确完整没有虚假记载误导性陈述或重大遗漏本公司及董事会全体成员保证信息披露的内容真实准确完整没有虚假记载误导性陈述或重大遗漏本公司及董事会全体成员保证信息披露的内容真实准确完整没有虚假记载误导性陈述或

虚假记载误导性陈述或重大遗漏本公司及董事会全体成员保证信息披露的内容真实准确完整没有虚假记载误导性陈述或重大遗漏本公司及董事会全体成员保证信息披露的内容真实准确完整没有虚假记载误导性陈述或重大遗漏本公司及董事会全体成员保证信息披露的内容真实准确完整没有虚假记载误导性陈述或重大遗漏本公司及董事会全体成员保证信息披露的内容真实准确完整没有虚假记载误导性陈述或重大遗漏本公司及董事会全体成员保证信息披露的内容真实

陈述或重大遗漏本公司及董事会全体成员保证信息披露的内容真实准确完整没有虚假记载误导性陈述或重大遗漏本公司及董事会全体成员保证信息披露的内容真实准确完整没有虚假记载误导性陈述或重大遗漏本公司及董事会全体成员保证信息披露的内容真实准确完整没有虚假记载误导性陈述或重大遗漏本公司及董事会全体成员保证信息披露的内容真实准确完整没有虚假记载误导性陈述或重大遗漏本公司及董事

本公司及董事会全体成员保证信息披露的内容真实准确完整没有虚假记载误导性陈述或重大遗漏本公司及董事会全体成员保证信息披露的内容真实准确完整没有虚假记载误导性陈述或重大遗漏本公司及董事会全体成员保证信息披露的内容真实准确完整没有虚假记载误导性陈述或重大遗漏本公司及董事会全体成员保证信息披露的内容真实准确完整没有虚假记载误导性陈述或重大遗漏本公司及董事会全体成员保证信息披露的内容真实准确完整没有虚假记载误导性陈述或重大遗漏本公司及董事会全

全体成员保证信息披露的内容真实准确完整没有虚假记载误导性陈述或重大遗漏本公司及董事会全体成员保证信息披露的内容真实准确完整没有虚假记载误导性陈述或重大遗漏本公司及董事会全体成员保证信息披露的内容真实准确完整没有虚假记载误导性陈述或重大遗漏本公司及董事会全体成员保证信息披露的内容真实准确完整没有虚假记载误导性陈述或重大遗漏本公司及董事会全体成员保证信息披露的内容真实准确完整没有虚假记载误导

息披露的内容真实准确完整没有虚假记载误导性陈述或重大遗漏本公司及董事会全体成员保证信息披露的内容真实准确完整没有虚假记载误导性陈述或重大遗漏本公司及董事会全体成员保证信息披露的内容真实准确完整没有虚假记载误导性陈述或重大遗漏本公司及董事会全体成员保证信息披露的内容真实准确完整没有虚假记载误导性陈述或重大遗漏本公司及董事会全体成员保证信息披露的

实准确完整没有虚假记载误导性陈述或重大遗漏本公司及董事会全体成员保证信息披露的内容真实准确完整没有虚假记载误导性陈述或重大遗漏本公司及董事会全体成员保证信息披露的内容真实准确完整没有虚假记载误导性陈述或重大遗漏本公司及董事会全体成员保证信息披露的内容真实准确完整没有虚假记载误导性陈述或重大遗漏本公司及董事会全体成员保证信息披露的内容真实准确完整没有虚假记载误导性陈述或重大遗漏本公司及董事会全体成员保证信息披露的内容

虚假记载误导性陈述或重大遗漏本公司及董事会全体成员保证信息披露的内容真实准确完整没有虚假记载误导性陈述或重大遗漏本公司及董事会全体成员保证信息披露的内容真实准确完整没有虚假记载误导性陈述或重大遗漏本公司及董事会全体成员保证信息披露的内容真实准确完整没有虚假记载误导性陈述或重大遗漏本公司及董事会全体成员保证信息披露的内容真实准确完整没有虚假记载误导性陈述或重大遗漏本公司及

陈述或重大遗漏本公司及董事会全体成员保证信息披露的内容真实准确完整没有虚假记载误导性陈述或重大遗漏本公司及董事会全体成员保证信息披露的内容真实准确完整没有虚假记载误导性陈述或重大遗漏本公司及董事会全体成员保证信息披露的内容真实准确完整没有虚假记载误导性陈述或重大遗漏本公司及董事会全体成员保证信息披露的内容真实准确完整没有虚假记载误导性陈述或重大遗漏本公司及董事会全体成员保证信息披露的内容真实准确完整没有虚假记载误导性陈述或重大遗漏本公司及董事

本公司及董事会全体成员保证信息披露的内容真实准确完整没有虚假记载误导性陈述或重大遗漏本公司及董事会全体成员保证信息披露的内容真实准确完整没有虚假记载误导性陈述或重大遗漏本公司及董事会全体成员保证信息披露的内容真实准确完整没有虚假记载误导性陈述或重大遗漏本公司及董事会全体成员保证信息披露的内容真实准确完整没有虚假记载误导性陈述或重大遗漏本公

全体成员保证信息披露的内容真实准确完整没有虚假记载误导性陈述或重大遗漏本公司及董事会全体成员保证信息披露的内容真实准确完整没有虚假记载误导性陈述或重大遗漏本公司及董事会全体成员保证信息披露的内容真实准确完整没有虚假记载误导性陈述或重大遗漏本公司及董事会全体成员保证信息披露的内容真实准确完整没有虚假记载误导性陈述或重大遗漏本公司及董事会全体成员保证信息披露的内容真实准确完整没有虚假记载误导性陈述或重大遗漏本公司及

息披露的内容真实准确完整没有虚假记载误导性陈述或重大遗漏本公司及董事会全体成员保证信息披露的内容真实准确完整没有虚假记载误导性陈述或重大遗漏本公司及董事会全体成员保证信息披露的内容真实准确完整没有虚假记载误导性陈述或重大遗漏本公司及董事会全体成员保证信息披露的内容真实准确完整没有虚假记载误导性陈述或重大遗漏本公司及董事会全体成员保证信息披露的内容真实准确完整没有虚假

实准确完整没有虚假记载误导性陈述或重大遗漏本公司及董事会全体成员保证信息披露的内容真实准确完整没有虚假记载误导性陈述或重大遗漏本公司及董事会全体成员保证信息披露的内容真实准确完整没有虚假记载误导性陈述或重大遗漏本公司及董事会全体成员保证信息披露的内容真实准确完整没有虚假记载误导性陈述或重大遗漏本公司及董事会全体成员保证信息披露的内容真实准确完整没有虚假记载误导性陈述或重大遗漏本公司及董事会全体成员保证信息披露的内容真实准确完整没有虚假记载

虚假记载误导性陈述或重大遗漏本公司及董事会全体成员保证信息披露的内容真实准确完整没有虚假记载误导性陈述或重大遗漏本公司及董事会全体成员保证信息披露的内容真实准确完整没有虚假记载误导性陈述或重大遗漏本公司及董事会全体成员保证信息披露的内容真实准确完整没有虚假记载误导性陈述或重大遗漏本公司及董事会全体成员保证信息披露的内容真实准确完整没有虚假记载误导性陈述或重大遗漏本公司及董事会全体成员保证信息披

陈述或重大遗漏本公司及董事会全体成员保证信息披露的内容真实准确完整没有虚假记载误导性陈述或重大遗漏本公司及董事会全体成员保证信息披露的内容真实准确完整没有虚假记载误导性陈述或重大遗漏本公司及董事会全体成员保证信息披露的内容真实准确完整没有虚假记载误导性陈述或重大遗漏本公司及董事会全体成员保证信息披露的内容真实准确完整没有虚假记载误导性陈述或重大遗漏

本公司及董事会全体成员保证信息披露的内容真实准确完整没有虚假记载误导性陈述或重大遗漏本公司及董事会全体成员保证信息披露的内容真实准确完整没有虚假记载误导性陈述或重大遗漏本公司及董事会全体成员保证信息披露的内容真实准确完整没有虚假记载误导性陈述或重大遗漏本公司及董事会全体成员保证信息披露的内容真实准确完整没有虚假记载误导性陈述或重大遗漏本公司及董事会全体成员保证信息披露的内容真实准确完整没有虚假记载误导性陈述或重大遗漏本公

全体成员保证信息披露的内容真实准确完整没有虚假记载误导性陈述或重大遗漏本公司及董事会全体成员保证信息披露的内容真实准确完整没有虚假记载误导性陈述或重大遗漏本公司及董事会全体成员保证信息披露的内容真实准确完整没有虚假记载误导性陈述或重大遗漏本公司及董事会全体成员保证信息披露的内容真实准确完整没有虚假记载误导性陈述或重大遗漏本公司及董事会全体成员保证信息披露的内容真实准确完整没有

息披露的内容真实准确完整没有虚假记载误导性陈述或重大遗漏本公司及董事会全体成员保证信息披露的内容真实准确完整没有虚假记载误导性陈述或重大遗漏本公司及董事会全体成员保证信息披露的内容真实准确完整没有虚假记载误导性陈述或重大遗漏本公司及董事会全体成员保证信息披露的内容真实准确完整没有虚假记载误导性陈述或重大遗漏本公司及董事会全体成员保证信息披露的内容真实准确完整没有虚假记载误导性陈述或重大遗漏本公司及董事会全体成员保证信息披露的内容真实准确完整没有虚假

实准确完整没有虚假记载误导性陈述或重大遗漏本公司及董事会全体成员保证信息披露的内容真实准确完整没有虚假记载误导性陈述或重大遗漏本公司及董事会全体成员保证信息披露的内容真实准确完整没有虚假记载误导性陈述或重大遗漏本公司及董事会全体成员保证信息披露的内容真实准确完整没有虚假记载误导性陈述或重大遗漏本公司及董事会全体成员保证信息披露的内容真实准确完整没有虚假记载误导性陈述或重大遗漏本公司及董事会全体成员保证信

虚假记载误导性陈述或重大遗漏本公司及董事会全体成员保证信息披露的内容真实准确完整没有虚假记载误导性陈述或重大遗漏本公司及董事会全体成员保证信息披露的内容真实准确完整没有虚假记载误导性陈述或重大遗漏本公司及董事会全体成员保证信息披露的内容真实准确完整没有虚假记载误导性陈述或重大遗漏本公司及董事会全体成员保证信息披露的内容真实准确完整没有虚假记载误导性陈述或重大

陈述或重大遗漏本公司及董事会全体成员保证信息披露的内容真实准确完整没有虚假记载误导性陈述或重大遗漏本公司及董事会全体成员保证信息披露的内容真实准确完整没有虚假记载误导性陈述或重大遗漏本公司及董事会全体成员保证信息披露的内容真实准确完整没有虚假记载误导性陈述或重大遗漏本公司及董事会全体成员保证信息披露的内容真实准确完整没有虚假记载误导性陈述或重大遗漏本公司及董事会全体成员保证信息披露的内容真实准确完整没有虚假记载误导性陈述或重大遗漏

本公司及董事会全体成员保证信息披露的内容真实准确完整没有虚假记载误导性陈述或重大遗漏本公司及董事会全体成员保证信息披露的内容真实准确完整没有虚假记载误导性陈述或重大遗漏本公司及董事会全体成员保证信息披露的内容真实准确完整没有虚假记载误导性陈述或重大遗漏本公司及董事会全体成员保证信息披露的内容真实准确完整没有虚假记载误导性陈述或重大遗漏本公司及董事会全体成员保证信息披露的内容真实准确完整

全体成员保证信息披露的内容真实准确完整没有虚假记载误导性陈述或重大遗漏本公司及董事会全体成员保证信息披露的内容真实准确完整没有虚假记载误导性陈述或重大遗漏本公司及董事会全体成员保证信息披露的内容真实准确完整没有虚假记载误导性陈述或重大遗漏本公司及董事会全体成员保证信息披露的内容真实准确完整没有虚假记载误导性陈述或重大遗漏本公司及董事会全体成

息披露的内容真实准确完整没有虚假记载误导性陈述或重大遗漏本公司及董事会全体成员保证信息披露的内容真实准确完整没有虚假记载误导性陈述或重大遗漏本公司及董事会全体成员保证信息披露的内容真实准确完整没有虚假记载误导性陈述或重大遗漏本公司及董事会全体成员保证信息披露的内容真实准确完整没有虚假记载误导性陈述或重大遗漏本公司及董事会全体成员保证信息披露的内容真实准确完整没有虚假记载误导性陈述或重大遗漏本公司及董事会全体成员保

实准确完整没有虚假记载误导性陈述或重大遗漏本公司及董事会全体成员保证信息披露的内容真实准确完整没有虚假记载误导性陈述或重大遗漏本公司及董事会全体成员保证信息披露的内容真实准确完整没有虚假记载误导性陈述或重大遗漏本公司及董事会全体成员保证信息披露的内容真实准确完整没有虚假记载误导性陈述或重大遗漏本公司及董事会全体成员保证信息披露的内容真实准确完整没有虚假记载误导性陈述或

虚假记载误导性陈述或重大遗漏本公司及董事会全体成员保证信息披露的内容真实准确完整没有虚假记载误导性陈述或重大遗漏本公司及董事会全体成员保证信息披露的内容真实准确完整没有虚假记载误导性陈述或重大遗漏本公司及董事会全体成员保证信息披露的内容真实准确完整没有虚假记载误导性陈述或重大遗漏本公司及董事会全体成员保证信息披露的内容真实准确完整没有虚假记载误导性陈述或重大遗漏本公司及董事会全体成员保证信息披露的内容真实准确完整没有虚假记载误导性陈述或重大

陈述或重大遗漏本公司及董事会全体成员保证信息披露的内容真实准确完整没有虚假记载误导性陈述或重大遗漏本公司及董事会全体成员保证信息披露的内容真实准确完整没有虚假记载误导性陈述或重大遗漏本公司及董事会全体成员保证信息披露的内容真实准确完整没有虚假记载误导性陈述或重大遗漏本公司及董事会全体成员保证信息披露的内容真实准确完整没有虚假记载误导性陈述或重大遗漏本公司及董事会全体成员保证信息披露的内容真实准确

本公司及董事会全体成员保证信息披露的内容真实准确完整没有虚假记载误导性陈述或重大遗漏本公司及董事会全体成员保证信息披露的内容真实准确完整没有虚假记载误导性陈述或重大遗漏本公司及董事会全体成员保证信息披露的内容真实准确完整没有虚假记载误导性陈述或重大遗漏本公司及董事会全体成员保证信息披露的内容真实准确完整没有虚假记载误导性陈述或重大遗漏本公司及董事会全

全体成员保证信息披露的内容真实准确完整没有虚假记载误导性陈述或重大遗漏本公司及董事会全体成员保证信息披露的内容真实准确完整没有虚假记载误导性陈述或重大遗漏本公司及董事会全体成员保证信息披露的内容真实准确完整没有虚假记载误导性陈述或重大遗漏本公司及董事会全体成员保证信息披露的内容真实准确完整没有虚假记载误导性陈述或重大遗漏本公司及董事会全体成员保证信息披露的内容真实准确完整没有虚假记载误导性陈述或重大遗漏本公司及董事会全体成

息披露的内容真实准确完整没有虚假记载误导性陈述或重大遗漏本公司及董事会全体成员保证信息披露的内容真实准确完整没有虚假记载误导性陈述或重大遗漏本公司及董事会全体成员保证信息披露的内容真实准确完整没有虚假记载误导性陈述或重大遗漏本公司及董事会全体成员保证信息披露的内容真实准确完整没有虚假记载误导性陈述或重大遗漏本公司及董事会全体成员保证信息披露的内容真实准确完整没有虚假记载误导性陈

实准确完整没有虚假记载误导性陈述或重大遗漏本公司及董事会全体成员保证信息披露的内容真实准确完整没有虚假记载误导性陈述或重大遗漏本公司及董事会全体成员保证信息披露的内容真实准确完整没有虚假记载误导性陈述或重大遗漏本公司及董事会全体成员保证信息披露的内容真实准确完整没有虚假记载误导性陈述或重大遗漏本公司及董事会全体成员保证信息披露的内容真实准确完整没有虚假记载误导性陈述或重大遗漏本公司及董事会全体成员保证信息披露的内容真实准确完整没有虚假记载误导性陈述或

虚假记载误导性陈述或重大遗漏本公司及董事会全体成员保证信息披露的内容真实准确完整没有虚假记载误导性陈述或重大遗漏本公司及董事会全体成员保证信息披露的内容真实准确完整没有虚假记载误导性陈述或重大遗漏本公司及董事会全体成员保证信息披露的内容真实准确完整没有虚假记载误导性陈述或重大遗漏本公司及董事会全体成员保证信息披露的内容真实准确完整没有虚假记载误导性陈述或重大遗漏本公司及董事会全体成员保证信息披露的内容真实

陈述或重大遗漏本公司及董事会全体成员保证信息披露的内容真实准确完整没有虚假记载误导性陈述或重大遗漏本公司及董事会全体成员保证信息披露的内容真实准确完整没有虚假记载误导性陈述或重大遗漏本公司及董事会全体成员保证信息披露的内容真实准确完整没有虚假记载误导性陈述或重大遗漏本公司及董事会全体成员保证信息披露的内容真实准确完整没有虚假记载误导性陈述或重大遗漏本公司及董事

本公司及董事会全体成员保证信息披露的内容真实准确完整没有虚假记载误导性陈述或重大遗漏本公司及董事会全体成员保证信息披露的内容真实准确完整没有虚假记载误导性陈述或重大遗漏本公司及董事会全体成员保证信息披露的内容真实准确完整没有虚假记载误导性陈述或重大遗漏本公司及董事会全体成员保证信息披露的内容真实准确完整没有虚假记载误导性陈述或重大遗漏本公司及董事会全体成员保证信息披露的内容真实准确完整没有虚假记载误导性陈述或重大遗漏本公司及董事会全

全体成员保证信息披露的内容真实准确完整没有虚假记载误导性陈述或重大遗漏本公司及董事会全体成员保证信息披露的内容真实准确完整没有虚假记载误导性陈述或重大遗漏本公司及董事会全体成员保证信息披露的内容真实准确完整没有虚假记载误导性陈述或重大遗漏本公司及董事会全体成员保证信息披露的内容真实准确完整没有虚假记载误导性陈述或重大遗漏本公司及董事会全体成员保证信息披露的内容真实准确完整没有虚假记载误导

息披露的内容真实准确完整没有虚假记载误导性陈述或重大遗漏本公司及董事会全体成员保证信息披露的内容真实准确完整没有虚假记载误导性陈述或重大遗漏本公司及董事会全体成员保证信息披露的内容真实准确完整没有虚假记载误导性陈述或重大遗漏本公司及董事会全体成员保证信息披露的内容真实准确完整没有虚假记载误导性陈述或重大遗漏本公司及董事会全体成员保证信息披露的

实准确完整没有虚假记载误导性陈述或重大遗漏本公司及董事会全体成员保证信息披露的内容真实准确完整没有虚假记载误导性陈述或重大遗漏本公司及董事会全体成员保证信息披露的内容真实准确完整没有虚假记载误导性陈述或重大遗漏本公司及董事会全体成员保证信息披露的内容真实准确完整没有虚假记载误导性陈述或重大遗漏本公司及董事会全体成员保证信息披露的内容真实准确完整没有虚假记载误导性陈述或重大遗漏本公司及董事会全体成员保证信息披露的内容

虚假记载误导性陈述或重大遗漏本公司及董事会全体成员保证信息披露的内容真实准确完整没有虚假记载误导性陈述或重大遗漏本公司及董事会全体成员保证信息披露的内容真实准确完整没有虚假记载误导性陈述或重大遗漏本公司及董事会全体成员保证信息披露的内容真实准确完整没有虚假记载误导性陈述或重大遗漏本公司及董事会全体成员保证信息披露的内容真实准确完整没有虚假记载误导性陈述或重大遗漏本公司及

陈述或重大遗漏本公司及董事会全体成员保证信息披露的内容真实准确完整没有虚假记载误导性陈述或重大遗漏本公司及董事会全体成员保证信息披露的内容真实准确完整没有虚假记载误导性陈述或重大遗漏本公司及董事会全体成员保证信息披露的内容真实准确完整没有虚假记载误导性陈述或重大遗漏本公司及董事会全体成员保证信息披露的内容真实准确完整没有虚假记载误导性陈述或重大遗漏本公司及董事会全体成员保证信息披露的内容真实准确完整没有虚假记载误导性陈述或重大遗漏本公司及董事

本公司及董事会全体成员保证信息披露的内容真实准确完整没有虚假记载误导性陈述或重大遗漏本公司及董事会全体成员保证信息披露的内容真实准确完整没有虚假记载误导性陈述或重大遗漏本公司及董事会全体成员保证信息披露的内容真实准确完整没有虚假记载误导性陈述或重大遗漏本公司及董事会全体成员保证信息披露的内容真实准确完整没有虚假记载误导性陈述或重大遗漏本公司及董事会全体成员保证信息披露的内容真实准确完整没有虚假记载

全体成员保证信息披露的内容真实准确完整没有虚假记载误导性陈述或重大遗漏本公司及董事会全体成员保证信息披露的内容真实准确完整没有虚假记载误导性陈述或重大遗漏本公司及董事会全体成员保证信息披露的内容真实准确完整没有虚假记载误导性陈述或重大遗漏本公司及董事会全体成员保证信息披露的内容真实准确完整没有虚假记载误导性陈述或重大遗漏本公司及董事会全体成员保证信息披

息披露的内容真实准确完整没有虚假记载误导性陈述或重大遗漏本公司及董事会全体成员保证信息披露的内容真实准确完整没有虚假记载误导性陈述或重大遗漏本公司及董事会全体成员保证信息披露的内容真实准确完整没有虚假记载误导性陈述或重大遗漏本公司及董事会全体成员保证信息披露的内容真实准确完整没有虚假记载误导性陈述或重大遗漏本公司及董事会全体成员保证信息披露的内容真实准确完整没有虚假记载误导性陈述或重大遗漏本公司及董事会全体成员保证信息披露的

实准确完整没有虚假记载误导性陈述或重大遗漏本公司及董事会全体成员保证信息披露的内容真实准确完整没有虚假记载误导性陈述或重大遗漏本公司及董事会全体成员保证信息披露的内容真实准确完整没有虚假记载误导性陈述或重大遗漏本公司及董事会全体成员保证信息披露的内容真实准确完整没有虚假记载误导性陈述或重大遗漏本公司及董事会全体成员保证信息披露的内容真实准确完整没有虚假记载误导性陈述或重大遗漏本公

虚假记载误导性陈述或重大遗漏本公司及董事会全体成员保证信息披露的内容真实准确完整没有虚假记载误导性陈述或重大遗漏本公司及董事会全体成员保证信息披露的内容真实准确完整没有虚假记载误导性陈述或重大遗漏本公司及董事会全体成员保证信息披露的内容真实准确完整没有虚假记载误导性陈述或重大遗漏本公司及董事会全体成员保证信息披露的内容真实准确完整没有虚假记载误导性陈述或重大遗漏本公司及董事会全体成员保证信息披露的内容真实准确完整没有虚假记载误导性陈述或重大遗漏本公司及

陈述或重大遗漏本公司及董事会全体成员保证信息披露的内容真实准确完整没有虚假记载误导性陈述或重大遗漏本公司及董事会全体成员保证信息披露的内容真实准确完整没有虚假记载误导性陈述或重大遗漏本公司及董事会全体成员保证信息披露的内容真实准确完整没有虚假记载误导性陈述或重大遗漏本公司及董事会全体成员保证信息披露的内容真实准确完整没有虚假记载误导性陈述或重大遗漏本公司及董事会全体成员保证信息披露的内容真实准确完整没有虚假

本公司及董事会全体成员保证信息披露的内容真实准确完整没有虚假记载误导性陈述或重大遗漏本公司及董事会全体成员保证信息披露的内容真实准确完整没有虚假记载误导性陈述或重大遗漏本公司及董事会全体成员保证信息披露的内容真实准确完整没有虚假记载误导性陈述或重大遗漏本公司及董事会全体成员保证信息披露的内容真实准确完整没有虚假记载误导性陈述或重大遗漏本公司及董事会全体成员保证信

全体成员保证信息披露的内容真实准确完整没有虚假记载误导性陈述或重大遗漏本公司及董事会全体成员保证信息披露的内容真实准确完整没有虚假记载误导性陈述或重大遗漏本公司及董事会全体成员保证信息披露的内容真实准确完整没有虚假记载误导性陈述或重大遗漏本公司及董事会全体成员保证信息披露的内容真实准确完整没有虚假记载误导性陈述或重大遗漏本公司及董事会全体成员保证信息披露的内容真实准确完整没有虚假记载误导性陈述或重大遗漏本公司及董事会全体成员保证信息披

北京科技股份有限公司
2016年度股东大会决议公告

本公司及董事会全体成员保证信息披露的内容真实准确完整没有虚假记载误导性陈述或重大遗漏本公司及董事会全体成员保证信息披露的内容真实准确完整没有虚假记载误导性陈述或重大遗漏本公司及董事会全体成员保证信息披露的内容真实准确完整没有虚假记载误导性陈述或重大遗漏本公司及董事会全体成员保证信息披露的内容真实准确完整没有虚假记载误导性陈述或重大遗漏本公

全体成员保证信息披露的内容真实准确完整没有虚假记载误导性陈述或重大遗漏本公司及董事会全体成员保证信息披露的内容真实准确完整没有虚假记载误导性陈述或重大遗漏本公司及董事会全体成员保证信息披露的内容真实准确完整没有虚假记载误导性陈述或重大遗漏本公司及董事会全体成员保证信息披露的内容真实准确完整没有虚假记载误导性陈述或重大遗漏本公司及董事会全体成员保证信息披露的内容真实准确完整没有虚假记载误导性陈述或重大遗漏本公司及

息披露的内容真实准确完整没有虚假记载误导性陈述或重大遗漏本公司及董事会全体成员保证信息披露的内容真实准确完整没有虚假记载误导性陈述或重大遗漏本公司及董事会全体成员保证信息披露的内容真实准确完整没有虚假记载误导性陈述或重大遗漏本公司及董事会全体成员保证信息披露的内容真实准确完整没有虚假记载误导性陈述或重大遗漏本公司及董事会全体成员保证信息披露的内容真实准确完整没有虚假

实准确完整没有虚假记载误导性陈述或重大遗漏本公司及董事会全体成员保证信息披露的内容真实准确完整没有虚假记载误导性陈述或重大遗漏本公司及董事会全体成员保证信息披露的内容真实准确完整没有虚假记载误导性陈述或重大遗漏本公司及董事会全体成员保证信息披露的内容真实准确完整没有虚假记载误导性陈述或重大遗漏本公司及董事会全体成员保证信息披露的内容真实准确完整没有虚假记载误导性陈述或重大遗漏本公司及董事会全体成员保证信息披露的内容真实准确完整没有虚假记载

虚假记载误导性陈述或重大遗漏本公司及董事会全体成员保证信息披露的内容真实准确完整没有虚假记载误导性陈述或重大遗漏本公司及董事会全体成员保证信息披露的内容真实准确完整没有虚假记载误导性陈述或重大遗漏本公司及董事会全体成员保证信息披露的内容真实准确完整没有虚假记载误导性陈述或重大遗漏本公司及董事会全体成员保证信息披露的内容真实准确完整没有虚假记载误导性陈述或重大遗漏本公司及董事会全体成员保证信息披

陈述或重大遗漏本公司及董事会全体成员保证信息披露的内容真实准确完整没有虚假记载误导性陈述或重大遗漏本公司及董事会全体成员保证信息披露的内容真实准确完整没有虚假记载误导性陈述或重大遗漏本公司及董事会全体成员保证信息披露的内容真实准确完整没有虚假记载误导性陈述或重大遗漏本公司及董事会全体成员保证信息披露的内容真实准确完整没有虚假记载误导性陈述或重大遗漏

本公司及董事会全体成员保证信息披露的内容真实准确完整没有虚假记载误导性陈述或重大遗漏本公司及董事会全体成员保证信息披露的内容真实准确完整没有虚假记载误导性陈述或重大遗漏本公司及董事会全体成员保证信息披露的内容真实准确完整没有虚假记载误导性陈述或重大遗漏本公司及董事会全体成员保证信息披露的内容真实准确完整没有虚假记载误导性陈述或重大遗漏本公司及董事会全体成员保证信息披露的内容真实准确完整没有虚假记载误导性陈述或重大遗漏本公

全体成员保证信息披露的内容真实准确完整没有虚假记载误导性陈述或重大遗漏本公司及董事会全体成员保证信息披露的内容真实准确完整没有虚假记载误导性陈述或重大遗漏本公司及董事会全体成员保证信息披露的内容真实准确完整没有虚假记载误导性陈述或重大遗漏本公司及董事会全体成员保证信息披露的内容真实准确完整没有虚假记载误导性陈述或重大遗漏本公司及董事会全体成员保证信息披露的内容真实准确完整没有

息披露的内容真实准确完整没有虚假记载误导性陈述或重大遗漏本公司及董事会全体成员保证信息披露的内容真实准确完整没有虚假记载误导性陈述或重大遗漏本公司及董事会全体成员保证信息披露的内容真实准确完整没有虚假记载误导性陈述或重大遗漏本公司及董事会全体成员保证信息披露的内容真实准确完整没有虚假记载误导性陈述或重大遗漏本公司及董事会全体成员保证信息披露的内容真实准确完整没有虚假记载误导性陈述或重大遗漏本公司及董事会全体成员保证信息披露的内容真实准确完整没有虚假

实准确完整没有虚假记载误导性陈述或重大遗漏本公司及董事会全体成员保证信息披露的内容真实准确完整没有虚假记载误导性陈述或重大遗漏本公司及董事会全体成员保证信息披露的内容真实准确完整没有虚假记载误导性陈述或重大遗漏本公司及董事会全体成员保证信息披露的内容真实准确完整没有虚假记载误导性陈述或重大遗漏本公司及董事会全体成员保证信息披露的内容真实准确完整没有虚假记载误导性陈述或重大遗漏本公司及董事会全体成员保证信

本公司及董事会全体成员保证信息披露的内容真实准确完整没有虚假记载误导性陈述或重大遗漏本公司及董事会全体成员保证信息披露的内容真实准确完整没有虚假记载误导性陈述或重大遗漏本公司及董事会全体成员保证信息披露的内容真实准确完整没有虚假记载误导性陈述或重大遗漏本公司及董事会全体成员保证信息披露的内容真实准确完整没有虚假记载误导性陈述或重大遗漏本公

全体成员保证信息披露的内容真实准确完整没有虚假记载误导性陈述或重大遗漏本公司及董事会全体成员保证信息披露的内容真实准确完整没有虚假记载误导性陈述或重大遗漏本公司及董事会全体成员保证信息披露的内容真实准确完整没有虚假记载误导性陈述或重大遗漏本公司及董事会全体成员保证信息披露的内容真实准确完整没有虚假记载误导性陈述或重大遗漏本公司及董事会全体成员保证信息披露的内容真实准确完整没有虚假记载误导性陈述或重大遗漏本公司及

息披露的内容真实准确完整没有虚假记载误导性陈述或重大遗漏本公司及董事会全体成员保证信息披露的内容真实准确完整没有虚假记载误导性陈述或重大遗漏本公司及董事会全体成员保证信息披露的内容真实准确完整没有虚假记载误导性陈述或重大遗漏本公司及董事会全体成员保证信息披露的内容真实准确完整没有虚假记载误导性陈述或重大遗漏本公司及董事会全体成员保证信息披露的内容真实准确完整没有虚假

实准确完整没有虚假记载误导性陈述或重大遗漏本公司及董事会全体成员保证信息披露的内容真实准确完整没有虚假记载误导性陈述或重大遗漏本公司及董事会全体成员保证信息披露的内容真实准确完整没有虚假记载误导性陈述或重大遗漏本公司及董事会全体成员保证信息披露的内容真实准确完整没有虚假记载误导性陈述或重大遗漏本公司及董事会全体成员保证信息披露的内容真实准确完整没有虚假记载误导性陈述或重大遗漏本公司及董事会全体成员保证信息披露的内容真实准确完整没有虚假记载

虚假记载误导性陈述或重大遗漏本公司及董事会全体成员保证信息披露的内容真实准确完整没有虚假记载误导性陈述或重大遗漏本公司及董事会全体成员保证信息披露的内容真实准确完整没有虚假记载误导性陈述或重大遗漏本公司及董事会全体成员保证信息披露的内容真实准确完整没有虚假记载误导性陈述或重大遗漏本公司及董事会全体成员保证信息披露的内容真实准确完整没有虚假记载误导性陈述或重大遗漏本公司及董事会全体成员保证信息披

陈述或重大遗漏本公司及董事会全体成员保证信息披露的内容真实准确完整没有虚假记载误导性陈述或重大遗漏本公司及董事会全体成员保证信息披露的内容真实准确完整没有虚假记载误导性陈述或重大遗漏本公司及董事会全体成员保证信息披露的内容真实准确完整没有虚假记载误导性陈述或重大遗漏本公司及董事会全体成员保证信息披露的内容真实准确完整没有虚假记载误导性陈述或重大遗漏

本公司及董事会全体成员保证信息披露的内容真实准确完整没有虚假记载误导性陈述或重大遗漏本公司及董事会全体成员保证信息披露的内容真实准确完整没有虚假记载误导性陈述或重大遗漏本公司及董事会全体成员保证信息披露的内容真实准确完整没有虚假记载误导性陈述或重大遗漏本公司及董事会全体成员保证信息披露的内容真实准确完整没有虚假记载误导性陈述或重大遗漏本公司及董事会全体成员保证信息披露的内容真实准确完整没有虚假记载误导性陈述或重大遗漏本公

全体成员保证信息披露的内容真实准确完整没有虚假记载误导性陈述或重大遗漏本公司及董事会全体成员保证信息披露的内容真实准确完整没有虚假记载误导性陈述或重大遗漏本公司及董事会全体成员保证信息披露的内容真实准确完整没有虚假记载误导性陈述或重大遗漏本公司及董事会全体成员保证信息披露的内容真实准确完整没有虚假记载误导性陈述或重大遗漏本公司及董事会全体成员保证信息披露的内容真实准确完整没有

息披露的内容真实准确完整没有虚假记载误导性陈述或重大遗漏本公司及董事会全体成员保证信息披露的内容真实准确完整没有虚假记载误导性陈述或重大遗漏本公司及董事会全体成员保证信息披露的内容真实准确完整没有虚假记载误导性陈述或重大遗漏本公司及董事会全体成员保证信息披露的内容真实准确完整没有虚假记载误导性陈述或重大遗漏本公司及董事会全体成员保证信息披露的内容真实准确完整没有虚假记载误导性陈述或重大遗漏本公司及董事会全体成员保证信息披露的内容真实准确完整没有虚假

实准确完整没有虚假记载误导性陈述或重大遗漏本公司及董事会全体成员保证信息披露的内容真实准确完整没有虚假记载误导性陈述或重大遗漏本公司及董事会全体成员保证信息披露的内容真实准确完整没有虚假记载误导性陈述或重大遗漏本公司及董事会全体成员保证信息披露的内容真实准确完整没有虚假记载误导性陈述或重大遗漏本公司及董事会全体成员保证信息披露的内容真实准确完整没有虚假记载误导性陈述或重大遗漏本公司及董事会全体成员保证信

虚假记载误导性陈述或重大遗漏本公司及董事会全体成员保证信息披露的内容真实准确完整没有虚假记载误导性陈述或重大遗漏本公司及董事会全体成员保证信息披露的内容真实准确完整没有虚假记载误导性陈述或重大遗漏本公司及董事会全体成员保证信息披露的内容真实准确完整没有虚假记载误导性陈述或重大遗漏本公司及董事会全体成员保证信息披露的内容真实准确完整没有虚假记载误导性陈述或重大

陈述或重大遗漏本公司及董事会全体成员保证信息披露的内容真实准确完整没有虚假记载误导性陈述或重大遗漏本公司及董事会全体成员保证信息披露的内容真实准确完整没有虚假记载误导性陈述或重大遗漏本公司及董事会全体成员保证信息披露的内容真实准确完整没有虚假记载误导性陈述或重大遗漏本公司及董事会全体成员保证信息披露的内容真实准确完整没有虚假记载误导性陈述或重大遗漏本公司及董事会全体成员保证信息披露的内容真实准确完整没有虚假记载误导性陈述或重大遗漏

本公司及董事会全体成员保证信息披露的内容真实准确完整没有虚假记载误导性陈述或重大遗漏本公司及董事会全体成员保证信息披露的内容真实准确完整没有虚假记载误导性陈述或重大遗漏本公司及董事会全体成员保证信息披露的内容真实准确完整没有虚假记载误导性陈述或重大遗漏本公司及董事会全体成员保证信息披露的内容真实准确完整没有虚假记载误导性陈述或重大遗漏本公司及董事会全体成员保证信息披露的内容真实准确完整

全体成员保证信息披露的内容真实准确完整没有虚假记载误导性陈述或重大遗漏本公司及董事会全体成员保证信息披露的内容真实准确完整没有虚假记载误导性陈述或重大遗漏本公司及董事会全体成员保证信息披露的内容真实准确完整没有虚假记载误导性陈述或重大遗漏本公司及董事会全体成员保证信息披露的内容真实准确完整没有虚假记载误导性陈述或重大遗漏本公司及董事会全体成

息披露的内容真实准确完整没有虚假记载误导性陈述或重大遗漏本公司及董事会全体成员保证信息披露的内容真实准确完整没有虚假记载误导性陈述或重大遗漏本公司及董事会全体成员保证信息披露的内容真实准确完整没有虚假记载误导性陈述或重大遗漏本公司及董事会全体成员保证信息披露的内容真实准确完整没有虚假记载误导性陈述或重大遗漏本公司及董事会全体成员保证信息披露的内容真实准确完整没有虚假记载误导性陈述或重大遗漏本公司及董事会全体成员保

实准确完整没有虚假记载误导性陈述或重大遗漏本公司及董事会全体成员保证信息披露的内容真实准确完整没有虚假记载误导性陈述或重大遗漏本公司及董事会全体成员保证信息披露的内容真实准确完整没有虚假记载误导性陈述或重大遗漏本公司及董事会全体成员保证信息披露的内容真实准确完整没有虚假记载误导性陈述或重大遗漏本公司及董事会全体成员保证信息披露的内容真实准确完整没有虚假记载误导性陈述或

虚假记载误导性陈述或重大遗漏本公司及董事会全体成员保证信息披露的内容真实准确完整没有虚假记载误导性陈述或重大遗漏本公司及董事会全体成员保证信息披露的内容真实准确完整没有虚假记载误导性陈述或重大遗漏本公司及董事会全体成员保证信息披露的内容真实准确完整没有虚假记载误导性陈述或重大遗漏本公司及董事会全体成员保证信息披露的内容真实准确完整没有虚假记载误导性陈述或重大遗漏本公司及董事会全体成员保证信息披露的内容真实准确完整没有虚假记载误导性陈述或重大

陈述或重大遗漏本公司及董事会全体成员保证信息披露的内容真实准确完整没有虚假记载误导性陈述或重大遗漏本公司及董事会全体成员保证信息披露的内容真实准确完整没有虚假记载误导性陈述或重大遗漏本公司及董事会全体成员保证信息披露的内容真实准确完整没有虚假记载误导性陈述或重大遗漏本公司及董事会全体成员保证信息披露的内容真实准确完整没有虚假记载误导性陈述或重大遗漏本公司及董事会全体成员保证信息披露的内容真实准确

本公司及董事会全体成员保证信息披露的内容真实准确完整没有虚假记载误导性陈述或重大遗漏本公司及董事会全体成员保证信息披露的内容真实准确完整没有虚假记载误导性陈述或重大遗漏本公司及董事会全体成员保证信息披露的内容真实准确完整没有虚假记载误导性陈述或重大遗漏本公司及董事会全体成员保证信息披露的内容真实准确完整没有虚假记载误导性陈述或重大遗漏本公司及董事会全

全体成员保证信息披露的内容真实准确完整没有虚假记载误导性陈述或重大遗漏本公司及董事会全体成员保证信息披露的内容真实准确完整没有虚假记载误导性陈述或重大遗漏本公司及董事会全体成员保证信息披露的内容真实准确完整没有虚假记载误导性陈述或重大遗漏本公司及董事会全体成员保证信息披露的内容真实准确完整没有虚假记载误导性陈述或重大遗漏本公司及董事会全体成员保证信息披露的内容真实准确完整没有虚假记载误导性陈述或重大遗漏本公司及董事会全体成

息披露的内容真实准确完整没有虚假记载误导性陈述或重大遗漏本公司及董事会全体成员保证信息披露的内容真实准确完整没有虚假记载误导性陈述或重大遗漏本公司及董事会全体成员保证信息披露的内容真实准确完整没有虚假记载误导性陈述或重大遗漏本公司及董事会全体成员保证信息披露的内容真实准确完整没有虚假记载误导性陈述或重大遗漏本公司及董事会全体成员保证信息披露的内容真实准确完整没有虚假记载误导性陈

实准确完整没有虚假记载误导性陈述或重大遗漏本公司及董事会全体成员保证信息披露的内容真实准确完整没有虚假记载误导性陈述或重大遗漏本公司及董事会全体成员保证信息披露的内容真实准确完整没有虚假记载误导性陈述或重大遗漏本公司及董事会全体成员保证信息披露的内容真实准确完整没有虚假记载误导性陈述或重大遗漏本公司及董事会全体成员保证信息披露的内容真实准确完整没有虚假记载误导性陈述或重大遗漏本公司及董事会全体成员保证信息披露的内容真实准确完整没有虚假记载误导性陈述或

虚假记载误导性陈述或重大遗漏本公司及董事会全体成员保证信息披露的内容真实准确完整没有虚假记载误导性陈述或重大遗漏本公司及董事会全体成员保证信息披露的内容真实准确完整没有虚假记载误导性陈述或重大遗漏本公司及董事会全体成员保证信息披露的内容真实准确完整没有虚假记载误导性陈述或重大遗漏本公司及董事会全体成员保证信息披露的内容真实准确完整没有虚假记载误导性陈述或重大遗漏本公司及董事会全体成员保证信息披露的内容真实

陈述或重大遗漏本公司及董事会全体成员保证信息披露的内容真实准确完整没有虚假记载误导性陈述或重大遗漏本公司及董事会全体成员保证信息披露的内容真实准确完整没有虚假记载误导性陈述或重大遗漏本公司及董事会全体成员保证信息披露的内容真实准确完整没有虚假记载误导性陈述或重大遗漏本公司及董事会全体成员保证信息披露的内容真实准确完整没有虚假记载误导性陈述或重大遗漏本公司及董事

本公司及董事会全体成员保证信息披露的内容真实准确完整没有虚假记载误导性陈述或重大遗漏本公司及董事会全体成员保证信息披露的内容真实准确完整没有虚假记载误导性陈述或重大遗漏本公司及董事会全体成员保证信息披露的内容真实准确完整没有虚假记载误导性陈述或重大遗漏本公司及董事会全体成员保证信息披露的内容真实准确完整没有虚假记载误导性陈述或重大遗漏本公司及董事会全体成员保证信息披露的内容真实准确完整没有虚假记载误导性陈述或重大遗漏本公司及董事会全

全体成员保证信息披露的内容真实准确完整没有虚假记载误导性陈述或重大遗漏本公司及董事会全体成员保证信息披露的内容真实准确完整没有虚假记载误导性陈述或重大遗漏本公司及董事会全体成员保证信息披露的内容真实准确完整没有虚假记载误导性陈述或重大遗漏本公司及董事会全体成员保证信息披露的内容真实准确完整没有虚假记载误导性陈述或重大遗漏本公司及董事会全体成员保证信息披露的内容真实准确完整没有虚假记载误导

息披露的内容真实准确完整没有虚假记载误导性陈述或重大遗漏本公司及董事会全体成员保证信息披露的内容真实准确完整没有虚假记载误导性陈述或重大遗漏本公司及董事会全体成员保证信息披露的内容真实准确完整没有虚假记载误导性陈述或重大遗漏本公司及董事会全体成员保证信息披露的内容真实准确完整没有虚假记载误导性陈述或重大遗漏本公司及董事会全体成员保证信息披露的

实准确完整没有虚假记载误导性陈述或重大遗漏本公司及董事会全体成员保证信息披露的内容真实准确完整没有虚假记载误导性陈述或重大遗漏本公司及董事会全体成员保证信息披露的内容真实准确完整没有虚假记载误导性陈述或重大遗漏本公司及董事会全体成员保证信息披露的内容真实准确完整没有虚假记载误导性陈述或重大遗漏本公司及董事会全体成员保证信息披露的内容真实准确完整没有虚假记载误导性陈述或重大遗漏本公司及董事会全体成员保证信息披露的内容

虚假记载误导性陈述或重大遗漏本公司及董事会全体成员保证信息披露的内容真实准确完整没有虚假记载误导性陈述或重大遗漏本公司及董事会全体成员保证信息披露的内容真实准确完整没有虚假记载误导性陈述或重大遗漏本公司及董事会全体成员保证信息披露的内容真实准确完整没有虚假记载误导性陈述或重大遗漏本公司及董事会全体成员保证信息披露的内容真实准确完整没有虚假记载误导性陈述或重大遗漏本公司及

陈述或重大遗漏本公司及董事会全体成员保证信息披露的内容真实准确完整没有虚假记载误导性陈述或重大遗漏本公司及董事会全体成员保证信息披露的内容真实准确完整没有虚假记载误导性陈述或重大遗漏本公司及董事会全体成员保证信息披露的内容真实准确完整没有虚假记载误导性陈述或重大遗漏本公司及董事会全体成员保证信息披露的内容真实准确完整没有虚假记载误导性陈述或重大遗漏本公司及董事会全体成员保证信息披露的内容真实准确完整没有虚假记载误导性陈述或重大遗漏本公司及董事

本公司及董事会全体成员保证信息披露的内容真实准确完整没有虚假记载误导性陈述或重大遗漏本公司及董事会全体成员保证信息披露的内容真实准确完整没有虚假记载误导性陈述或重大遗漏本公司及董事会全体成员保证信息披露的内容真实准确完整没有虚假记载误导性陈述或重大遗漏本公司及董事会全体成员保证信息披露的内容真实准确完整没有虚假记载误导性陈述或重大遗漏本公

全体成员保证信息披露的内容真实准确完整没有虚假记载误导性陈述或重大遗漏本公司及董事会全体成员保证信息披露的内容真实准确完整没有虚假记载误导性陈述或重大遗漏本公司及董事会全体成员保证信息披露的内容真实准确完整没有虚假记载误导性陈述或重大遗漏本公司及董事会全体成员保证信息披露的内容真实准确完整没有虚假记载误导性陈述或重大遗漏本公司及董事会全体成员保证信息披露的内容真实准确完整没有虚假记载误导性陈述或重大遗漏本公司及

息披露的内容真实准确完整没有虚假记载误导性陈述或重大遗漏本公司及董事会全体成员保证信息披露的内容真实准确完整没有虚假记载误导性陈述或重大遗漏本公司及董事会全体成员保证信息披露的内容真实准确完整没有虚假记载误导性陈述或重大遗漏本公司及董事会全体成员保证信息披露的内容真实准确完整没有虚假记载误导性陈述或重大遗漏本公司及董事会全体成员保证信息披露的内容真实准确完整没有虚假

实准确完整没有虚假记载误导性陈述或重大遗漏本公司及董事会全体成员保证信息披露的内容真实准确完整没有虚假记载误导性陈述或重大遗漏本公司及董事会全体成员保证信息披露的内容真实准确完整没有虚假记载误导性陈述或重大遗漏本公司及董事会全体成员保证信息披露的内容真实准确完整没有虚假记载误导性陈述或重大遗漏本公司及董事会全体成员保证信息披露的内容真实准确完整没有虚假记载误导性陈述或重大遗漏本公司及董事会全体成员保证信息披露的内容真实准确完整没有虚假记载

虚假记载误导性陈述或重大遗漏本公司及董事会全体成员保证信息披露的内容真实准确完整没有虚假记载误导性陈述或重大遗漏本公司及董事会全体成员保证信息披露的内容真实准确完整没有虚假记载误导性陈述或重大遗漏本公司及董事会全体成员保证信息披露的内容真实准确完整没有虚假记载误导性陈述或重大遗漏本公司及董事会全体成员保证信息披露的内容真实准确完整没有虚假记载误导性陈述或重大遗漏本公司及董事会全体成员保证信息披

陈述或重大遗漏本公司及董事会全体成员保证信息披露的内容真实准确完整没有虚假记载误导性陈述或重大遗漏本公司及董事会全体成员保证信息披露的内容真实准确完整没有虚假记载误导性陈述或重大遗漏本公司及董事会全体成员保证信息披露的内容真实准确完整没有虚假记载误导性陈述或重大遗漏本公司及董事会全体成员保证信息披露的内容真实准确完整没有虚假记载误导性陈述或重大遗漏

本公司及董事会全体成员保证信息披露的内容真实准确完整没有虚假记载误导性陈述或重大遗漏本公司及董事会全体成员保证信息披露的内容真实准确完整没有虚假记载误导性陈述或重大遗漏本公司及董事会全体成员保证信息披露的内容真实准确完整没有虚假记载误导性陈述或重大遗漏本公司及董事会全体成员保证信息披露的内容真实准确完整没有虚假记载误导性陈述或重大遗漏本公司及董事会全体成员保证信息披露的内容真实准确完整没有虚假记载误导性陈述或重大遗漏本公

全体成员保证信息披露的内容真实准确完整没有虚假记载误导性陈述或重大遗漏本公司及董事会全体成员保证信息披露的内容真实准确完整没有虚假记载误导性陈述或重大遗漏本公司及董事会全体成员保证信息披露的内容真实准确完整没有虚假记载误导性陈述或重大遗漏本公司及董事会全体成员保证信息披露的内容真实准确完整没有虚假记载误导性陈述或重大遗漏本公司及董事会全体成员保证信息披露的内容真实准确完整没有

息披露的内容真实准确完整没有虚假记载误导性陈述或重大遗漏本公司及董事会全体成员保证信息披露的内容真实准确完整没有虚假记载误导性陈述或重大遗漏本公司及董事会全体成员保证信息披露的内容真实准确完整没有虚假记载误导性陈述或重大遗漏本公司及董事会全体成员保证信息披露的内容真实准确完整没有虚假记载误导性陈述或重大遗漏本公司及董事会全体成员保证信息披露的内容真实准确完整没有虚假记载误导性陈述或重大遗漏本公司及董事会全体成员保证信息披露的内容真实准确完整没有虚假

实准确完整没有虚假记载误导性陈述或重大遗漏本公司及董事会全体成员保证信息披露的内容真实准确完整没有虚假记载误导性陈述或重大遗漏本公司及董事会全体成员保证信息披露的内容真实准确完整没有虚假记载误导性陈述或重大遗漏本公司及董事会全体成员保证信息披露的内容真实准确完整没有虚假记载误导性陈述或重大遗漏本公司及董事会全体成员保证信息披露的内容真实准确完整没有虚假记载误导性陈述或重大遗漏本公司及董事会全体成员保证信

虚假记载误导性陈述或重大遗漏本公司及董事会全体成员保证信息披露的内容真实准确完整没有虚假记载误导性陈述或重大遗漏本公司及董事会全体成员保证信息披露的内容真实准确完整没有虚假记载误导性陈述或重大遗漏本公司及董事会全体成员保证信息披露的内容真实准确完整没有虚假记载误导性陈述或重大遗漏本公司及董事会全体成员保证信息披露的内容真实准确完整没有虚假记载误导性陈述或重大

陈述或重大遗漏本公司及董事会全体成员保证信息披露的内容真实准确完整没有虚假记载误导性陈述或重大遗漏本公司及董事会全体成员保证信息披露的内容真实准确完整没有虚假记载误导性陈述或重大遗漏本公司及董事会全体成员保证信息披露的内容真实准确完整没有虚假记载误导性陈述或重大遗漏本公司及董事会全体成员保证信息披露的内容真实准确完整没有虚假记载误导性陈述或重大遗漏本公司及董事会全体成员保证信息披露的内容真实准确完整没有虚假记载误导性陈述或重大遗漏

本公司及董事会全体成员保证信息披露的内容真实准确完整没有虚假记载误导性陈述或重大遗漏本公司及董事会全体成员保证信息披露的内容真实准确完整没有虚假记载误导性陈述或重大遗漏本公司及董事会全体成员保证信息披露的内容真实准确完整没有虚假记载误导性陈述或重大遗漏本公司及董事会全体成员保证信息披露的内容真实准确完整没有虚假记载误导性陈述或重大遗漏本公司及董事会全体成员保证信息披露的内容真实准确完整

全体成员保证信息披露的内容真实准确完整没有虚假记载误导性陈述或重大遗漏本公司及董事会全体成员保证信息披露的内容真实准确完整没有虚假记载误导性陈述或重大遗漏本公司及董事会全体成员保证信息披露的内容真实准确完整没有虚假记载误导性陈述或重大遗漏本公司及董事会全体成员保证信息披露的内容真实准确完整没有虚假记载误导性陈述或重大遗漏本公司及董事会全体成

息披露的内容真实准确完整没有虚假记载误导性陈述或重大遗漏本公司及董事会全体成员保证信息披露的内容真实准确完整没有虚假记载误导性陈述或重大遗漏本公司及董事会全体成员保证信息披露的内容真实准确完整没有虚假记载误导性陈述或重大遗漏本公司及董事会全体成员保证信息披露的内容真实准确完整没有虚假记载误导性陈述或重大遗漏本公司及董事会全体成员保证信息披露的内容真实准确完整没有虚假记载误导性陈述或重大遗漏本公司及董事会全体成员保

实准确完整没有虚假记载误导性陈述或重大遗漏本公司及董事会全体成员保证信息披露的内容真实准确完整没有虚假记载误导性陈述或重大遗漏本公司及董事会全体成员保证信息披露的内容真实准确完整没有虚假记载误导性陈述或重大遗漏本公司及董事会全体成员保证信息披露的内容真实准确完整没有虚假记载误导性陈述或重大遗漏本公司及董事会全体成员保证信息披露的内容真实准确完整没有虚假记载误导性陈述或

虚假记载误导性陈述或重大遗漏本公司及董事会全体成员保证信息披露的内容真实准确完整没有虚假记载误导性陈述或重大遗漏本公司及董事会全体成员保证信息披露的内容真实准确完整没有虚假记载误导性陈述或重大遗漏本公司及董事会全体成员保证信息披露的内容真实准确完整没有虚假记载误导性陈述或重大遗漏本公司及董事会全体成员保证信息披露的内容真实准确完整没有虚假记载误导性陈述或重大遗漏本公司及董事会全体成员保证信息披露的内容真实准确完整没有虚假记载误导性陈述或重大

陈述或重大遗漏本公司及董事会全体成员保证信息披露的内容真实准确完整没有虚假记载误导性陈述或重大遗漏本公司及董事会全体成员保证信息披露的内容真实准确完整没有虚假记载误导性陈述或重大遗漏本公司及董事会全体成员保证信息披露的内容真实准确完整没有虚假记载误导性陈述或重大遗漏本公司及董事会全体成员保证信息披露的内容真实准确完整没有虚假记载误导性陈述或重大遗漏本公司及董事会全体成员保证信息披露的内容真实准确

本公司及董事会全体成员保证信息披露的内容真实准确完整没有虚假记载误导性陈述或重大遗漏本公司及董事会全体成员保证信息披露的内容真实准确完整没有虚假记载误导性陈述或重大遗漏本公司及董事会全体成员保证信息披露的内容真实准确完整没有虚假记载误导性陈述或重大遗漏本公司及董事会全体成员保证信息披露的内容真实准确完整没有虚假记载误导性陈述或重大遗漏本公司及董事会全

全体成员保证信息披露的内容真实准确完整没有虚假记载误导性陈述或重大遗漏本公司及董事会全体成员保证信息披露的内容真实准确完整没有虚假记载误导性陈述或重大遗漏本公司及董事会全体成员保证信息披露的内容真实准确完整没有虚假记载误导性陈述或重大遗漏本公司及董事会全体成员保证信息披露的内容真实准确完整没有虚假记载误导性陈述或重大遗漏本公司及董事会全体成员保证信息披露的内容真实准确完整没有虚假记载误导性陈述或重大遗漏本公司及董事会全体成

息披露的内容真实准确完整没有虚假记载误导性陈述或重大遗漏本公司及董事会全体成员保证信息披露的内容真实准确完整没有虚假记载误导性陈述或重大遗漏本公司及董事会全体成员保证信息披露的内容真实准确完整没有虚假记载误导性陈述或重大遗漏本公司及董事会全体成员保证信息披露的内容真实准确完整没有虚假记载误导性陈述或重大遗漏本公司及董事会全体成员保证信息披露的内容真实准确完整没有虚假记载误导性陈

实准确完整没有虚假记载误导性陈述或重大遗漏本公司及董事会全体成员保证信息披露的内容真实准确完整没有虚假记载误导性陈述或重大遗漏本公司及董事会全体成员保证信息披露的内容真实准确完整没有虚假记载误导性陈述或重大遗漏本公司及董事会全体成员保证信息披露的内容真实准确完整没有虚假记载误导性陈述或重大遗漏本公司及董事会全体成员保证信息披露的内容真实准确完整没有虚假记载误导性陈述或重大遗漏本公司及董事会全体成员保证信息披露的内容真实准确完整没有虚假记载误导性陈述或

虚假记载误导性陈述或重大遗漏本公司及董事会全体成员保证信息披露的内容真实准确完整没有虚假记载误导性陈述或重大遗漏本公司及董事会全体成员保证信息披露的内容真实准确完整没有虚假记载误导性陈述或重大遗漏本公司及董事会全体成员保证信息披露的内容真实准确完整没有虚假记载误导性陈述或重大遗漏本公司及董事会全体成员保证信息披露的内容真实准确完整没有虚假记载误导性陈述或重大遗漏本公司及董事会全体成员保证信息披露的内容真实

陈述或重大遗漏本公司及董事会全体成员保证信息披露的内容真实准确完整没有虚假记载误导性陈述或重大遗漏本公司及董事会全体成员保证信息披露的内容真实准确完整没有虚假记载误导性陈述或重大遗漏本公司及董事会全体成员保证信息披露的内容真实准确完整没有虚假记载误导性陈述或重大遗漏本公司及董事会全体成员保证信息披露的内容真实准确完整没有虚假记载误导性陈述或重大遗漏本公司及董事

本公司及董事会全体成员保证信息披露的内容真实准确完整没有虚假记载误导性陈述或重大遗漏本公司及董事会全体成员保证信息披露的内容真实准确完整没有虚假记载误导性陈述或重大遗漏本公司及董事会全体成员保证信息披露的内容真实准确完整没有虚假记载误导性陈述或重大遗漏本公司及董事会全体成员保证信息披露的内容真实准确完整没有虚假记载误导性陈述或重大遗漏本公司及董事会全体成员保证信息披露的内容真实准确完整没有虚假记载误导性陈述或重大遗漏本公司及董事会全

全体成员保证信息披露的内容真实准确完整没有虚假记载误导性陈述或重大遗漏本公司及董事会全体成员保证信息披露的内容真实准确完整没有虚假记载误导性陈述或重大遗漏本公司及董事会全体成员保证信息披露的内容真实准确完整没有虚假记载误导性陈述或重大遗漏本公司及董事会全体成员保证信息披露的内容真实准确完整没有虚假记载误导性陈述或重大遗漏本公司及董事会全体成员保证信息披露的内容真实准确完整没有虚假记载误导

本公司及董事会全体成员保证信息披露的内容真实准确完整没有虚假记载误导性陈述或重大遗漏本公司及董事会全体成员保证信息披露的内容真实准确完整没有虚假记载误导性陈述或重大遗漏本公司及董事会全体成员保证信息披露的内容真实准确完整没有虚假记载误导性陈述或重大遗漏本公司及董事会全体成员保证信息披露的内容真实准确完整没有虚假记载误导性陈述或重大遗漏本公

全体成员保证信息披露的内容真实准确完整没有虚假记载误导性陈述或重大遗漏本公司及董事会全体成员保证信息披露的内容真实准确完整没有虚假记载误导性陈述或重大遗漏本公司及董事会全体成员保证信息披露的内容真实准确完整没有虚假记载误导性陈述或重大遗漏本公司及董事会全体成员保证信息披露的内容真实准确完整没有虚假记载误导性陈述或重大遗漏本公司及董事会全体成员保证信息披露的内容真实准确完整没有虚假记载误导性陈述或重大遗漏本公司及

息披露的内容真实准确完整没有虚假记载误导性陈述或重大遗漏本公司及董事会全体成员保证信息披露的内容真实准确完整没有虚假记载误导性陈述或重大遗漏本公司及董事会全体成员保证信息披露的内容真实准确完整没有虚假记载误导性陈述或重大遗漏本公司及董事会全体成员保证信息披露的内容真实准确完整没有虚假记载误导性陈述或重大遗漏本公司及董事会全体成员保证信息披露的内容真实准确完整没有虚假

实准确完整没有虚假记载误导性陈述或重大遗漏本公司及董事会全体成员保证信息披露的内容真实准确完整没有虚假记载误导性陈述或重大遗漏本公司及董事会全体成员保证信息披露的内容真实准确完整没有虚假记载误导性陈述或重大遗漏本公司及董事会全体成员保证信息披露的内容真实准确完整没有虚假记载误导性陈述或重大遗漏本公司及董事会全体成员保证信息披露的内容真实准确完整没有虚假记载误导性陈述或重大遗漏本公司及董事会全体成员保证信息披露的内容真实准确完整没有虚假记载

虚假记载误导性陈述或重大遗漏本公司及董事会全体成员保证信息披露的内容真实准确完整没有虚假记载误导性陈述或重大遗漏本公司及董事会全体成员保证信息披露的内容真实准确完整没有虚假记载误导性陈述或重大遗漏本公司及董事会全体成员保证信息披露的内容真实准确完整没有虚假记载误导性陈述或重大遗漏本公司及董事会全体成员保证信息披露的内容真实准确完整没有虚假记载误导性陈述或重大遗漏本公司及董事会全体成员保证信息披

陈述或重大遗漏本公司及董事会全体成员保证信息披露的内容真实准确完整没有虚假记载误导性陈述或重大遗漏本公司及董事会全体成员保证信息披露的内容真实准确完整没有虚假记载误导性陈述或重大遗漏本公司及董事会全体成员保证信息披露的内容真实准确完整没有虚假记载误导性陈述或重大遗漏本公司及董事会全体成员保证信息披露的内容真实准确完整没有虚假记载误导性陈述或重大遗漏

本公司及董事会全体成员保证信息披露的内容真实准确完整没有虚假记载误导性陈述或重大遗漏本公司及董事会全体成员保证信息披露的内容真实准确完整没有虚假记载误导性陈述或重大遗漏本公司及董事会全体成员保证信息披露的内容真实准确完整没有虚假记载误导性陈述或重大遗漏本公司及董事会全体成员保证信息披露的内容真实准确完整没有虚假记载误导性陈述或重大遗漏本公司及董事会全体成员保证信息披露的内容真实准确完整没有虚假记载误导性陈述或重大遗漏本公

全体成员保证信息披露的内容真实准确完整没有虚假记载误导性陈述或重大遗漏本公司及董事会全体成员保证信息披露的内容真实准确完整没有虚假记载误导性陈述或重大遗漏本公司及董事会全体成员保证信息披露的内容真实准确完整没有虚假记载误导性陈述或重大遗漏本公司及董事会全体成员保证信息披露的内容真实准确完整没有虚假记载误导性陈述或重大遗漏本公司及董事会全体成员保证信息披露的内容真实准确完整没有

息披露的内容真实准确完整没有虚假记载误导性陈述或重大遗漏本公司及董事会全体成员保证信息披露的内容真实准确完整没有虚假记载误导性陈述或重大遗漏本公司及董事会全体成员保证信息披露的内容真实准确完整没有虚假记载误导性陈述或重大遗漏本公司及董事会全体成员保证信息披露的内容真实准确完整没有虚假记载误导性陈述或重大遗漏本公司及董事会全体成员保证信息披露的内容真实准确完整没有虚假记载误导性陈述或重大遗漏本公司及董事会全体成员保证信息披露的内容真实准确完整没有虚假

实准确完整没有虚假记载误导性陈述或重大遗漏本公司及董事会全体成员保证信息披露的内容真实准确完整没有虚假记载误导性陈述或重大遗漏本公司及董事会全体成员保证信息披露的内容真实准确完整没有虚假记载误导性陈述或重大遗漏本公司及董事会全体成员保证信息披露的内容真实准确完整没有虚假记载误导性陈述或重大遗漏本公司及董事会全体成员保证信息披露的内容真实准确完整没有虚假记载误导性陈述或重大遗漏本公司及董事会全体成员保证信

虚假记载误导性陈述或重大遗漏本公司及董事会全体成员保证信息披露的内容真实准确完整没有虚假记载误导性陈述或重大遗漏本公司及董事会全体成员保证信息披露的内容真实准确完整没有虚假记载误导性陈述或重大遗漏本公司及董事会全体成员保证信息披露的内容真实准确完整没有虚假记载误导性陈述或重大遗漏本公司及董事会全体成员保证信息披露的内容真实准确完整没有虚假记载误导性陈述或重大

陈述或重大遗漏本公司及董事会全体成员保证信息披露的内容真实准确完整没有虚假记载误导性陈述或重大遗漏本公司及董事会全体成员保证信息披露的内容真实准确完整没有虚假记载误导性陈述或重大遗漏本公司及董事会全体成员保证信息披露的内容真实准确完整没有虚假记载误导性陈述或重大遗漏本公司及董事会全体成员保证信息披露的内容真实准确完整没有虚假记载误导性陈述或重大遗漏本公司及董事会全体成员保证信息披露的内容真实准确完整没有虚假记载误导性陈述或重大遗漏

本公司及董事会全体成员保证信息披露的内容真实准确完整没有虚假记载误导性陈述或重大遗漏本公司及董事会全体成员保证信息披露的内容真实准确完整没有虚假记载误导性陈述或重大遗漏本公司及董事会全体成员保证信息披露的内容真实准确完整没有虚假记载误导性陈述或重大遗漏本公司及董事会全体成员保证信息披露的内容真实准确完整没有虚假记载误导性陈述或重大遗漏本公司及董事会全体成员保证信息披露的内容真实准确完整

全体成员保证信息披露的内容真实准确完整没有虚假记载误导性陈述或重大遗漏本公司及董事会全体成员保证信息披露的内容真实准确完整没有虚假记载误导性陈述或重大遗漏本公司及董事会全体成员保证信息披露的内容真实准确完整没有虚假记载误导性陈述或重大遗漏本公司及董事会全体成员保证信息披露的内容真实准确完整没有虚假记载误导性陈述或重大遗漏本公司及董事会全体成

息披露的内容真实准确完整没有虚假记载误导性陈述或重大遗漏本公司及董事会全体成员保证信息披露的内容真实准确完整没有虚假记载误导性陈述或重大遗漏本公司及董事会全体成员保证信息披露的内容真实准确完整没有虚假记载误导性陈述或重大遗漏本公司及董事会全体成员保证信息披露的内容真实准确完整没有虚假记载误导性陈述或重大遗漏本公司及董事会全体成员保证信息披露的内容真实准确完整没有虚假记载误导性陈述或重大遗漏本公司及董事会全体成员保

实准确完整没有虚假记载误导性陈述或重大遗漏本公司及董事会全体成员保证信息披露的内容真实准确完整没有虚假记载误导性陈述或重大遗漏本公司及董事会全体成员保证信息披露的内容真实准确完整没有虚假记载误导性陈述或重大遗漏本公司及董事会全体成员保证信息披露的内容真实准确完整没有虚假记载误导性陈述或重大遗漏本公司及董事会全体成员保证信息披露的内容真实准确完整没有虚假记载误导性陈述或

虚假记载误导性陈述或重大遗漏本公司及董事会全体成员保证信息披露的内容真实准确完整没有虚假记载误导性陈述或重大遗漏本公司及董事会全体成员保证信息披露的内容真实准确完整没有虚假记载误导性陈述或重大遗漏本公司及董事会全体成员保证信息披露的内容真实准确完整没有虚假记载误导性陈述或重大遗漏本公司及董事会全体成员保证信息披露的内容真实准确完整没有虚假记载误导性陈述或重大遗漏本公司及董事会全体成员保证信息披露的内容真实准确完整没有虚假记载误导性陈述或重大

陈述或重大遗漏本公司及董事会全体成员保证信息披露的内容真实准确完整没有虚假记载误导性陈述或重大遗漏本公司及董事会全体成员保证信息披露的内容真实准确完整没有虚假记载误导性陈述或重大遗漏本公司及董事会全体成员保证信息披露的内容真实准确完整没有虚假记载误导性陈述或重大遗漏本公司及董事会全体成员保证信息披露的内容真实准确完整没有虚假记载误导性陈述或重大遗漏本公司及董事会全体成员保证信息披露的内容真实准确

本公司及董事会全体成员保证信息披露的内容真实准确完整没有虚假记载误导性陈述或重大遗漏本公司及董事会全体成员保证信息披露的内容真实准确完整没有虚假记载误导性陈述或重大遗漏本公司及董事会全体成员保证信息披露的内容真实准确完整没有虚假记载误导性陈述或重大遗漏本公司及董事会全体成员保证信息披露的内容真实准确完整没有虚假记载误导性陈述或重大遗漏本公司及董事会全

全体成员保证信息披露的内容真实准确完整没有虚假记载误导性陈述或重大遗漏本公司及董事会全体成员保证信息披露的内容真实准确完整没有虚假记载误导性陈述或重大遗漏本公司及董事会全体成员保证信息披露的内容真实准确完整没有虚假记载误导性陈述或重大遗漏本公司及董事会全体成员保证信息披露的内容真实准确完整没有虚假记载误导性陈述或重大遗漏本公司及董事会全体成员保证信息披露的内容真实准确完整没有虚假记载误导性陈述或重大遗漏本公司及董事会全体成

息披露的内容真实准确完整没有虚假记载误导性陈述或重大遗漏本公司及董事会全体成员保证信息披露的内容真实准确完整没有虚假记载误导性陈述或重大遗漏本公司及董事会全体成员保证信息披露的内容真实准确完整没有虚假记载误导性陈述或重大遗漏本公司及董事会全体成员保证信息披露的内容真实准确完整没有虚假记载误导性陈述或重大遗漏本公司及董事会全体成员保证信息披露的内容真实准确完整没有虚假记载误导性陈

实准确完整没有虚假记载误导性陈述或重大遗漏本公司及董事会全体成员保证信息披露的内容真实准确完整没有虚假记载误导性陈述或重大遗漏本公司及董事会全体成员保证信息披露的内容真实准确完整没有虚假记载误导性陈述或重大遗漏本公司及董事会全体成员保证信息披露的内容真实准确完整没有虚假记载误导性陈述或重大遗漏本公司及董事会全体成员保证信息披露的内容真实准确完整没有虚假记载误导性陈述或重大遗漏本公司及董事会全体成员保证信息披露的内容真实准确完整没有虚假记载误导性陈述或

		√
		√
		√
		√
		√
		√
		√
		√
		√
		√
		√
		√
		√
		√
		√
		√
		√
		√
		√
		√
		√

本公司及董事会全体成员保证信息披露的内容真实准确完整没有虚假记载误导性陈述或重大遗漏本公司及董事会全体成员保证信息披露的内容真实准确完整没有虚假记载误导性陈述或重大遗漏本公司及董事会全体成员保证信息披露的内容真实准确完整没有虚假记载误导性陈述或重大遗漏本公司及董事会全体成员保证信息披露的内容真实准确完整没有虚假记载误导性陈述或重大遗漏本公

全体成员保证信息披露的内容真实准确完整没有虚假记载误导性陈述或重大遗漏本公司及董事会全体成员保证信息披露的内容真实准确完整没有虚假记载误导性陈述或重大遗漏本公司及董事会全体成员保证信息披露的内容真实准确完整没有虚假记载误导性陈述或重大遗漏本公司及董事会全体成员保证信息披露的内容真实准确完整没有虚假记载误导性陈述或重大遗漏本公司及董事会全体成员保证信息披露的内容真实准确完整没有虚假记载误导性陈述或重大遗漏本公司及

息披露的内容真实准确完整没有虚假记载误导性陈述或重大遗漏本公司及董事会全体成员保证信息披露的内容真实准确完整没有虚假记载误导性陈述或重大遗漏本公司及董事会全体成员保证信息披露的内容真实准确完整没有虚假记载误导性陈述或重大遗漏本公司及董事会全体成员保证信息披露的内容真实准确完整没有虚假记载误导性陈述或重大遗漏本公司及董事会全体成员保证信息披露的内容真实准确完整没有虚假

实准确完整没有虚假记载误导性陈述或重大遗漏本公司及董事会全体成员保证信息披露的内容真实准确完整没有虚假记载误导性陈述或重大遗漏本公司及董事会全体成员保证信息披露的内容真实准确完整没有虚假记载误导性陈述或重大遗漏本公司及董事会全体成员保证信息披露的内容真实准确完整没有虚假记载误导性陈述或重大遗漏本公司及董事会全体成员保证信息披露的内容真实准确完整没有虚假记载误导性陈述或重大遗漏本公司及董事会全体成员保证信息披露的内容真实准确完整没有虚假记载

虚假记载误导性陈述或重大遗漏本公司及董事会全体成员保证信息披露的内容真实准确完整没有虚假记载误导性陈述或重大遗漏本公司及董事会全体成员保证信息披露的内容真实准确完整没有虚假记载误导性陈述或重大遗漏本公司及董事会全体成员保证信息披露的内容真实准确完整没有虚假记载误导性陈述或重大遗漏本公司及董事会全体成员保证信息披露的内容真实准确完整没有虚假记载误导性陈述或重大遗漏本公司及董事会全体成员保证信息披

陈述或重大遗漏本公司及董事会全体成员保证信息披露的内容真实准确完整没有虚假记载误导性陈述或重大遗漏本公司及董事会全体成员保证信息披露的内容真实准确完整没有虚假记载误导性陈述或重大遗漏本公司及董事会全体成员保证信息披露的内容真实准确完整没有虚假记载误导性陈述或重大遗漏本公司及董事会全体成员保证信息披露的内容真实准确完整没有虚假记载误导性陈述或重大遗漏

本公司及董事会全体成员保证信息披露的内容真实准确完整没有虚假记载误导性陈述或重大遗漏本公司及董事会全体成员保证信息披露的内容真实准确完整没有虚假记载误导性陈述或重大遗漏本公司及董事会全体成员保证信息披露的内容真实准确完整没有虚假记载误导性陈述或重大遗漏本公司及董事会全体成员保证信息披露的内容真实准确完整没有虚假记载误导性陈述或重大遗漏本公司及董事会全体成员保证信息披露的内容真实准确完整没有虚假记载误导性陈述或重大遗漏本公

全体成员保证信息披露的内容真实准确完整没有虚假记载误导性陈述或重大遗漏本公司及董事会全体成员保证信息披露的内容真实准确完整没有虚假记载误导性陈述或重大遗漏本公司及董事会全体成员保证信息披露的内容真实准确完整没有虚假记载误导性陈述或重大遗漏本公司及董事会全体成员保证信息披露的内容真实准确完整没有虚假记载误导性陈述或重大遗漏本公司及董事会全体成员保证信息披露的内容真实准确完整没有

息披露的内容真实准确完整没有虚假记载误导性陈述或重大遗漏本公司及董事会全体成员保证信息披露的内容真实准确完整没有虚假记载误导性陈述或重大遗漏本公司及董事会全体成员保证信息披露的内容真实准确完整没有虚假记载误导性陈述或重大遗漏本公司及董事会全体成员保证信息披露的内容真实准确完整没有虚假记载误导性陈述或重大遗漏本公司及董事会全体成员保证信息披露的内容真实准确完整没有虚假记载误导性陈述或重大遗漏本公司及董事会全体成员保证信息披露的内容真实准确完整没有虚假

实准确完整没有虚假记载误导性陈述或重大遗漏本公司及董事会全体成员保证信息披露的内容真实准确完整没有虚假记载误导性陈述或重大遗漏本公司及董事会全体成员保证信息披露的内容真实准确完整没有虚假记载误导性陈述或重大遗漏本公司及董事会全体成员保证信息披露的内容真实准确完整没有虚假记载误导性陈述或重大遗漏本公司及董事会全体成员保证信息披露的内容真实准确完整没有虚假记载误导性陈述或重大遗漏本公司及董事会全体成员保证信

虚假记载误导性陈述或重大遗漏本公司及董事会全体成员保证信息披露的内容真实准确完整没有虚假记载误导性陈述或重大遗漏本公司及董事会全体成员保证信息披露的内容真实准确完整没有虚假记载误导性陈述或重大遗漏本公司及董事会全体成员保证信息披露的内容真实准确完整没有虚假记载误导性陈述或重大遗漏本公司及董事会全体成员保证信息披露的内容真实准确完整没有虚假记载误导性陈述或重大

陈述或重大遗漏本公司及董事会全体成员保证信息披露的内容真实准确完整没有虚假记载误导性陈述或重大遗漏本公司及董事会全体成员保证信息披露的内容真实准确完整没有虚假记载误导性陈述或重大遗漏本公司及董事会全体成员保证信息披露的内容真实准确完整没有虚假记载误导性陈述或重大遗漏本公司及董事会全体成员保证信息披露的内容真实准确完整没有虚假记载误导性陈述或重大遗漏本公司及董事会全体成员保证信息披露的内容真实准确完整没有虚假记载误导性陈述或重大遗漏

本公司及董事会全体成员保证信息披露的内容真实准确完整没有虚假记载误导性陈述或重大遗漏本公司及董事会全体成员保证信息披露的内容真实准确完整没有虚假记载误导性陈述或重大遗漏本公司及董事会全体成员保证信息披露的内容真实准确完整没有虚假记载误导性陈述或重大遗漏本公司及董事会全体成员保证信息披露的内容真实准确完整没有虚假记载误导性陈述或重大遗漏本公司及董事会全体成员保证信息披露的内容真实准确完整

全体成员保证信息披露的内容真实准确完整没有虚假记载误导性陈述或重大遗漏本公司及董事会全体成员保证信息披露的内容真实准确完整没有虚假记载误导性陈述或重大遗漏本公司及董事会全体成员保证信息披露的内容真实准确完整没有虚假记载误导性陈述或重大遗漏本公司及董事会全体成员保证信息披露的内容真实准确完整没有虚假记载误导性陈述或重大遗漏本公司及董事会全体成

息披露的内容真实准确完整没有虚假记载误导性陈述或重大遗漏本公司及董事会全体成员保证信息披露的内容真实准确完整没有虚假记载误导性陈述或重大遗漏本公司及董事会全体成员保证信息披露的内容真实准确完整没有虚假记载误导性陈述或重大遗漏本公司及董事会全体成员保证信息披露的内容真实准确完整没有虚假记载误导性陈述或重大遗漏本公司及董事会全体成员保证信息披露的内容真实准确完整没有虚假记载误导性陈述或重大遗漏本公司及董事会全体成员保

实准确完整没有虚假记载误导性陈述或重大遗漏本公司及董事会全体成员保证信息披露的内容真实准确完整没有虚假记载误导性陈述或重大遗漏本公司及董事会全体成员保证信息披露的内容真实准确完整没有虚假记载误导性陈述或重大遗漏本公司及董事会全体成员保证信息披露的内容真实准确完整没有虚假记载误导性陈述或重大遗漏本公司及董事会全体成员保证信息披露的内容真实准确完整没有虚假记载误导性陈述或

虚假记载误导性陈述或重大遗漏本公司及董事会全体成员保证信息披露的内容真实准确完整没有虚假记载误导性陈述或重大遗漏本公司及董事会全体成员保证信息披露的内容真实准确完整没有虚假记载误导性陈述或重大遗漏本公司及董事会全体成员保证信息披露的内容真实准确完整没有虚假记载误导性陈述或重大遗漏本公司及董事会全体成员保证信息披露的内容真实准确完整没有虚假记载误导性陈述或重大遗漏本公司及董事会全体成员保证信息披露的内容真实准确完整没有虚假记载误导性陈述或重大

陈述或重大遗漏本公司及董事会全体成员保证信息披露的内容真实准确完整没有虚假记载误导性陈述或重大遗漏本公司及董事会全体成员保证信息披露的内容真实准确完整没有虚假记载误导性陈述或重大遗漏本公司及董事会全体成员保证信息披露的内容真实准确完整没有虚假记载误导性陈述或重大遗漏本公司及董事会全体成员保证信息披露的内容真实准确完整没有虚假记载误导性陈述或重大遗漏本公司及董事会全体成员保证信息披露的内容真实准确

本公司及董事会全体成员保证信息披露的内容真实准确完整没有虚假记载误导性陈述或重大遗漏本公司及董事会全体成员保证信息披露的内容真实准确完整没有虚假记载误导性陈述或重大遗漏本公司及董事会全体成员保证信息披露的内容真实准确完整没有虚假记载误导性陈述或重大遗漏本公司及董事会全体成员保证信息披露的内容真实准确完整没有虚假记载误导性陈述或重大遗漏本公司及董事会全

全体成员保证信息披露的内容真实准确完整没有虚假记载误导性陈述或重大遗漏本公司及董事会全体成员保证信息披露的内容真实准确完整没有虚假记载误导性陈述或重大遗漏本公司及董事会全体成员保证信息披露的内容真实准确完整没有虚假记载误导性陈述或重大遗漏本公司及董事会全体成员保证信息披露的内容真实准确完整没有虚假记载误导性陈述或重大遗漏本公司及董事会全体成员保证信息披露的内容真实准确完整没有虚假记载误导性陈述或重大遗漏本公司及董事会全体成

本公司及董事会全体成员保证信息披露的内容真实准确完整没有虚假记载误导性陈述或重大遗漏本公司及董事会全体成员保证信息披露的内容真实准确完整没有虚假记载误导性陈述或重大遗漏本公司及董事会全体成员保证信息披露的内容真实准确完整没有虚假记载误导性陈述或重大遗漏本公司及董事会全体成员保证信息披露的内容真实准确

全体成员保证信息披露的内容真实准确完整没有虚假记载误导性陈述或重大遗漏本公司及董事会全体成员保证信息披露的内容真实准确完整没有虚假记载误导性陈述或重大遗漏本公司及董事会全体成员保证信息披露的内容真实准确完整没有虚假记载误导性陈述或重大遗漏本公司及董事会全体成员保证信息披露的内容真实准确完整没有虚假记载误导性陈述或重大遗漏本公司及董事会全体成员保证信息披露的内容真实准确完整

息披露的内容真实准确完整没有虚假记载误导性陈述或重大遗漏本公司及董事会全体成员保证信息披露的内容真实准确完整没有虚假记载误导性陈述或重大遗漏本公司及董事会全体成员保证信息披露的内容真实准确完整没有虚假记载误导性陈述或重大遗漏本公司及董事会全体成员保证信息披露的内容真实准确完整没有虚假记载误导性陈述或重大遗漏本公司及董事会全体成

实准确完整没有虚假记载误导性陈述或重大遗漏本公司及董事会全体成员保证信息披露的内容真实准确完整没有虚假记载误导性陈述或重大遗漏本公司及董事会全体成员保证信息披露的内容真实准确完整没有虚假记载误导性陈述或重大遗漏本公司及董事会全体成员保证信息披露的内容真实准确完整没有虚假记载误导性陈述或重大遗漏本公司及董事会全体成员保证信息披露的内容真实准确完整没有虚假记载误导性陈述或重大遗漏本公司及董事会全体成员保

虚假记载误导性陈述或重大遗漏本公司及董事会全体成员保证信息披露的内容真实准确完整没有虚假记载误导性陈述或重大遗漏本公司及董事会全体成员保证信息披露的内容真实准确完整没有虚假记载误导性陈述或重大遗漏本公司及董事会全体成员保证信息披露的内容真实准确完整没有虚假记载误导性陈述或重大遗漏本公司及董事会全体成员保证信息披露的内容真实准确完整没有虚假记载误导性陈述或

陈述或重大遗漏本公司及董事会全体成员保证信息披露的内容真实准确完整没有虚假记载误导性陈述或重大遗漏本公司及董事会全体成员保证信息披露的内容真实准确完整没有虚假记载误导性陈述或重大遗漏本公司及董事会全体成员保证信息披露的内容真实准确完整没有虚假记载误导性陈述或重大遗漏本公司及董事会全体成员保证信息披露的内容真实

本公司及董事会全体成员保证信息披露的内容真实准确完整没有虚假记载误导性陈述或重大遗漏本公司及董事会全体成员保证信息披露的内容真实准确完整没有虚假记载误导性陈述或重大遗漏本公司及董事会全体成员保证信息披露的内容真实准确完整没有虚假记载误导性陈述或重大遗漏本公司及董事会全体成员保证信息披露的内容真实准确完整没有虚假记载误导性陈述或重大遗漏本公司及董事会全体成员保证信息披露的内容真实准确

全体成员保证信息披露的内容真实准确完整没有虚假记载误导性陈述或重大遗漏本公司及董事会全体成员保证信息披露的内容真实准确完整没有虚假记载误导性陈述或重大遗漏本公司及董事会全体成员保证信息披露的内容真实准确完整没有虚假记载误导性陈述或重大遗漏本公司及董事会全体成员保证信息披露的内容真实准确完整没有虚假记载误导性陈述或重大遗漏本公司及董事会全

息披露的内容真实准确完整没有虚假记载误导性陈述或重大遗漏本公司及董事会全体成员保证信息披露的内容真实准确完整没有虚假记载误导性陈述或重大遗漏本公司及董事会全体成员保证信息披露的内容真实准确完整没有虚假记载误导性陈述或重大遗漏本公司及董事会全体成员保证信息披露的内容真实准确完整没有虚假记载误导性陈述或重大遗漏本公司及董事会全体成员保证信息披露的内容真实准确完整没有虚假记载误导性陈述或重大遗漏本公司及董事会全体成

实准确完整没有虚假记载误导性陈述或重大遗漏本公司及董事会全体成员保证信息披露的内容真实准确完整没有虚假记载误导性陈述或重大遗漏本公司及董事会全体成员保证信息披露的内容真实准确完整没有虚假记载误导性陈述或重大遗漏本公司及董事会全体成员保证信息披露的内容真实准确完整没有虚假记载误导性陈述或重大遗漏本公司及董事会全体成员保证信息披露的内容真实准确完整没有虚假记载误导性陈

虚假记载误导性陈述或重大遗漏本公司及董事会全体成员保证信息披露的内容真实准确完整没有虚假记载误导性陈述或重大遗漏本公司及董事会全体成员保证信息披露的内容真实准确完整没有虚假记载误导性陈述或重大遗漏本公司及董事会全体成员保证信息披露的内容真实准确完整没有虚假记载误导性陈述或重大遗漏本公司及董事会全体成员保证信息披露的内容

陈述或重大遗漏本公司及董事会全体成员保证信息披露的内容真实准确完整没有虚假记载误导性陈述或重大遗漏本公司及董事会全体成员保证信息披露的内容真实准确完整没有虚假记载误导性陈述或重大遗漏本公司及董事会全体成员保证信息披露的内容真实准确完整没有虚假记载误导性陈述或重大遗漏本公司及董事会全体成员保证信息披露的内容真实准确完整没有虚假记载误导性陈述或重大遗漏本公司及董事会全体成员保证信息披露的内容真实

本公司及董事会全体成员保证信息披露的内容真实准确完整没有虚假记载误导性陈述或重大遗漏本公司及董事会全体成员保证信息披露的内容真实准确完整没有虚假记载误导性陈述或重大遗漏本公司及董事会全体成员保证信息披露的内容真实准确完整没有虚假记载误导性陈述或重大遗漏本公司及董事会全体成员保证信息披露的内容真实准确完整没有虚假记载误导性陈述或重大遗漏本公司及董事

全体成员保证信息披露的内容真实准确完整没有虚假记载误导性陈述或重大遗漏本公司及董事会全体成员保证信息披露的内容真实准确完整没有虚假记载误导性陈述或重大遗漏本公司及董事会全体成员保证信息披露的内容真实准确完整没有虚假记载误导性陈述或重大遗漏本公司及董事会全体成员保证信息披露的内容真实准确完整没有虚假记载

息披露的内容真实准确完整没有虚假记载误导性陈述或重大遗漏本公司及董事会全体成员保证信息披露的内容真实准确完整没有虚假记载误导性陈述或重大遗漏本公司及董事会全体成员保证信息披露的内容真实准确完整没有虚假记载误导性陈述或重大遗漏本公司及董事会全体成员保证信息披露的内容真实准确完整没有虚假记载误导性陈述或重大遗漏本公司及董事会全体成员保证信息披露的内容真实准确完整没有虚假记载误导

实准确完整没有虚假记载误导性陈述或重大遗漏本公司及董事会全体成员保证信息披露的内容真实准确完整没有虚假记载误导性陈述或重大遗漏本公司及董事会全体成员保证信息披露的内容真实准确完整没有虚假记载误导性陈述或重大遗漏本公司及董事会全体成员保证信息披露的内容真实准确完整没有虚假记载误导性陈述或重大遗漏本公司及董事会全体成员保证信息披露的

虚假记载误导性陈述或重大遗漏本公司及董事会全体成员保证信息披露的内容真实准确完整没有虚假记载误导性陈述或重大遗漏本公司及董事会全体成员保证信息披露的内容真实准确完整没有虚假记载误导性陈述或重大遗漏本公司及董事会全体成员保证信息披露的内容真实准确完整没有虚假记载误导性陈述或重大遗漏本公司及董事会全体成员保证信息披露的内容真实准确完整没有虚假记载误导性陈述或重大遗漏本公司及董事会全体成员保证信息披露的内容

陈述或重大遗漏本公司及董事会全体成员保证信息披露的内容真实准确完整没有虚假记载误导性陈述或重大遗漏本公司及董事会全体成员保证信息披露的内容真实准确完整没有虚假记载误导性陈述或重大遗漏本公司及董事会全体成员保证信息披露的内容真实准确完整没有虚假记载误导性陈述或重大遗漏本公司及董事会全体成员保证信息披露的内容真实准确完整没有虚假记载误导性陈述或重大遗漏本公司及

北京科技股份有限公司
关于公司股票交易异常波动的公告

本公司及董事会全体成员保证信息披露的内容真实准确完整没有虚假记载误导性陈述或重大遗漏本公司及董事会全体成员保证信息披露的内容真实准确完整没有虚假记载误导性陈述或重大遗漏本公司及董事会全体成员保证信息披露的内容真实准确完整没有虚假记载误导性陈述或重大遗漏本公司及董事会全体成员保证信息披露的内容真实准确

全体成员保证信息披露的内容真实准确完整没有虚假记载误导性陈述或重大遗漏本公司及董事会全体成员保证信息披露的内容真实准确完整没有虚假记载误导性陈述或重大遗漏本公司及董事会全体成员保证信息披露的内容真实准确完整没有虚假记载误导性陈述或重大遗漏本公司及董事会全体成员保证信息披露的内容真实准确完整没有虚假记载误导性陈述或重大遗漏本公司及董事会全体成员保证信息披露的内容真实准确完整

息披露的内容真实准确完整没有虚假记载误导性陈述或重大遗漏本公司及董事会全体成员保证信息披露的内容真实准确完整没有虚假记载误导性陈述或重大遗漏本公司及董事会全体成员保证信息披露的内容真实准确完整没有虚假记载误导性陈述或重大遗漏本公司及董事会全体成员保证信息披露的内容真实准确完整没有虚假记载误导性陈述或重大遗漏本公司及董事会全体成

实准确完整没有虚假记载误导性陈述或重大遗漏本公司及董事会全体成员保证信息披露的内容真实准确完整没有虚假记载误导性陈述或重大遗漏本公司及董事会全体成员保证信息披露的内容真实准确完整没有虚假记载误导性陈述或重大遗漏本公司及董事会全体成员保证信息披露的内容真实准确完整没有虚假记载误导性陈述或重大遗漏本公司及董事会全体成员保证信息披露的内容真实准确完整没有虚假记载误导性陈述或重大遗漏本公司及董事会全体成员保

虚假记载误导性陈述或重大遗漏本公司及董事会全体成员保证信息披露的内容真实准确完整没有虚假记载误导性陈述或重大遗漏本公司及董事会全体成员保证信息披露的内容真实准确完整没有虚假记载误导性陈述或重大遗漏本公司及董事会全体成员保证信息披露的内容真实准确完整没有虚假记载误导性陈述或重大遗漏本公司及董事会全体成员保证信息披露的内容真实准确完整没有虚假记载误导性陈述或

陈述或重大遗漏本公司及董事会全体成员保证信息披露的内容真实准确完整没有虚假记载误导性陈述或重大遗漏本公司及董事会全体成员保证信息披露的内容真实准确完整没有虚假记载误导性陈述或重大遗漏本公司及董事会全体成员保证信息披露的内容真实准确完整没有虚假记载误导性陈述或重大遗漏本公司及董事会全体成员保证信息披露的内容真实

本公司及董事会全体成员保证信息披露的内容真实准确完整没有虚假记载误导性陈述或重大遗漏本公司及董事会全体成员保证信息披露的内容真实准确完整没有虚假记载误导性陈述或重大遗漏本公司及董事会全体成员保证信息披露的内容真实准确完整没有虚假记载误导性陈述或重大遗漏本公司及董事会全体成员保证信息披露的内容真实准确完整没有虚假记载误导性陈述或重大遗漏本公司及董事会全体成员保证信息披露的内容真实准确

全体成员保证信息披露的内容真实准确完整没有虚假记载误导性陈述或重大遗漏本公司及董事会全体成员保证信息披露的内容真实准确完整没有虚假记载误导性陈述或重大遗漏本公司及董事会全体成员保证信息披露的内容真实准确完整没有虚假记载误导性陈述或重大遗漏本公司及董事会全体成员保证信息披露的内容真实准确完整没有虚假记载误导性陈述或重大遗漏本公司及董事会全

息披露的内容真实准确完整没有虚假记载误导性陈述或重大遗漏本公司及董事会全体成员保证信息披露的内容真实准确完整没有虚假记载误导性陈述或重大遗漏本公司及董事会全体成员保证信息披露的内容真实准确完整没有虚假记载误导性陈述或重大遗漏本公司及董事会全体成员保证信息披露的内容真实准确完整没有虚假记载误导性陈述或重大遗漏本公司及董事会全体成员保证信息披露的内容真实准确完整没有虚假记载误导性陈述或重大遗漏本公司及董事会全体成

实准确完整没有虚假记载误导性陈述或重大遗漏本公司及董事会全体成员保证信息披露的内容真实准确完整没有虚假记载误导性陈述或重大遗漏本公司及董事会全体成员保证信息披露的内容真实准确完整没有虚假记载误导性陈述或重大遗漏本公司及董事会全体成员保证信息披露的内容真实准确完整没有虚假记载误导性陈述或重大遗漏本公司及董事会全体成员保证信息披露的内容真实准确完整没有虚假记载误导性陈

虚假记载误导性陈述或重大遗漏本公司及董事会全体成员保证信息披露的内容真实准确完整没有虚假记载误导性陈述或重大遗漏本公司及董事会全体成员保证信息披露的内容真实准确完整没有虚假记载误导性陈述或重大遗漏本公司及董事会全体成员保证信息披露的内容真实准确完整没有虚假记载误导性陈述或重大遗漏本公司及董事会全体成员保证信息披露的内容

陈述或重大遗漏本公司及董事会全体成员保证信息披露的内容真实准确完整没有虚假记载误导性陈述或重大遗漏本公司及董事会全体成员保证信息披露的内容真实准确完整没有虚假记载误导性陈述或重大遗漏本公司及董事会全体成员保证信息披露的内容真实准确完整没有虚假记载误导性陈述或重大遗漏本公司及董事会全体成员保证信息披露的内容真实准确完整没有虚假记载误导性陈述或重大遗漏本公司及董事会全体成员保证信息披露的内容真实

本公司及董事会全体成员保证信息披露的内容真实准确完整没有虚假记载误导性陈述或重大遗漏本公司及董事会全体成员保证信息披露的内容真实准确完整没有虚假记载误导性陈述或重大遗漏本公司及董事会全体成员保证信息披露的内容真实准确完整没有虚假记载误导性陈述或重大遗漏本公司及董事会全体成员保证信息披露的内容真实准确完整没有虚假记载误导性陈述或重大遗漏本公司及董事

全体成员保证信息披露的内容真实准确完整没有虚假记载误导性陈述或重大遗漏本公司及董事会全体成员保证信息披露的内容真实准确完整没有虚假记载误导性陈述或重大遗漏本公司及董事会全体成员保证信息披露的内容真实准确完整没有虚假记载误导性陈述或重大遗漏本公司及董事会全体成员保证信息披露的内容真实准确完整没有虚假记载

本公司及董事会全体成员保证信息披露的内容真实准确完整没有虚假记载误导性陈述或重大遗漏本公司及董事会全体成员保证信息披露的内容真实准确完整没有虚假记载误导性陈述或重大遗漏本公司及董事会全体成员保证信息披露的内容真实准确完整没有虚假记载误导性陈述或重大遗漏本公司及董事会全体成员保证信息披露的内容真实准确

全体成员保证信息披露的内容真实准确完整没有虚假记载误导性陈述或重大遗漏本公司及董事会全体成员保证信息披露的内容真实准确完整没有虚假记载误导性陈述或重大遗漏本公司及董事会全体成员保证信息披露的内容真实准确完整没有虚假记载误导性陈述或重大遗漏本公司及董事会全体成员保证信息披露的内容真实准确完整没有虚假记载误导性陈述或重大遗漏本公司及董事会全体成员保证信息披露的内容真实准确完整

息披露的内容真实准确完整没有虚假记载误导性陈述或重大遗漏本公司及董事会全体成员保证信息披露的内容真实准确完整没有虚假记载误导性陈述或重大遗漏本公司及董事会全体成员保证信息披露的内容真实准确完整没有虚假记载误导性陈述或重大遗漏本公司及董事会全体成员保证信息披露的内容真实准确完整没有虚假记载误导性陈述或重大遗漏本公司及董事会全体成

实准确完整没有虚假记载误导性陈述或重大遗漏本公司及董事会全体成员保证信息披露的内容真实准确完整没有虚假记载误导性陈述或重大遗漏本公司及董事会全体成员保证信息披露的内容真实准确完整没有虚假记载误导性陈述或重大遗漏本公司及董事会全体成员保证信息披露的内容真实准确完整没有虚假记载误导性陈述或重大遗漏本公司及董事会全体成员保证信息披露的内容真实准确完整没有虚假记载误导性陈述或重大遗漏本公司及董事会全体成员保

虚假记载误导性陈述或重大遗漏本公司及董事会全体成员保证信息披露的内容真实准确完整没有虚假记载误导性陈述或重大遗漏本公司及董事会全体成员保证信息披露的内容真实准确完整没有虚假记载误导性陈述或重大遗漏本公司及董事会全体成员保证信息披露的内容真实准确完整没有虚假记载误导性陈述或重大遗漏本公司及董事会全体成员保证信息披露的内容真实准确完整没有虚假记载误导性陈述或

陈述或重大遗漏本公司及董事会全体成员保证信息披露的内容真实准确完整没有虚假记载误导性陈述或重大遗漏本公司及董事会全体成员保证信息披露的内容真实准确完整没有虚假记载误导性陈述或重大遗漏本公司及董事会全体成员保证信息披露的内容真实准确完整没有虚假记载误导性陈述或重大遗漏本公司及董事会全体成员保证信息披露的内容真实

本公司及董事会全体成员保证信息披露的内容真实准确完整没有虚假记载误导性陈述或重大遗漏本公司及董事会全体成员保证信息披露的内容真实准确完整没有虚假记载误导性陈述或重大遗漏本公司及董事会全体成员保证信息披露的内容真实准确完整没有虚假记载误导性陈述或重大遗漏本公司及董事会全体成员保证信息披露的内容真实准确完整没有虚假记载误导性陈述或重大遗漏本公司及董事会全体成员保证信息披露的内容真实准确

全体成员保证信息披露的内容真实准确完整没有虚假记载误导性陈述或重大遗漏本公司及董事会全体成员保证信息披露的内容真实准确完整没有虚假记载误导性陈述或重大遗漏本公司及董事会全体成员保证信息披露的内容真实准确完整没有虚假记载误导性陈述或重大遗漏本公司及董事会全体成员保证信息披露的内容真实准确完整没有虚假记载误导性陈述或重大遗漏本公司及董事会全

息披露的内容真实准确完整没有虚假记载误导性陈述或重大遗漏本公司及董事会全体成员保证信息披露的内容真实准确完整没有虚假记载误导性陈述或重大遗漏本公司及董事会全体成员保证信息披露的内容真实准确完整没有虚假记载误导性陈述或重大遗漏本公司及董事会全体成员保证信息披露的内容真实准确完整没有虚假记载误导性陈述或重大遗漏本公司及董事会全体成员保证信息披露的内容真实准确完整没有虚假记载误导性陈述或重大遗漏本公司及董事会全体成

实准确完整没有虚假记载误导性陈述或重大遗漏本公司及董事会全体成员保证信息披露的内容真实准确完整没有虚假记载误导性陈述或重大遗漏本公司及董事会全体成员保证信息披露的内容真实准确完整没有虚假记载误导性陈述或重大遗漏本公司及董事会全体成员保证信息披露的内容真实准确完整没有虚假记载误导性陈述或重大遗漏本公司及董事会全体成员保证信息披露的内容真实准确完整没有虚假记载误导性陈

虚假记载误导性陈述或重大遗漏本公司及董事会全体成员保证信息披露的内容真实准确完整没有虚假记载误导性陈述或重大遗漏本公司及董事会全体成员保证信息披露的内容真实准确完整没有虚假记载误导性陈述或重大遗漏本公司及董事会全体成员保证信息披露的内容真实准确完整没有虚假记载误导性陈述或重大遗漏本公司及董事会全体成员保证信息披露的内容

陈述或重大遗漏本公司及董事会全体成员保证信息披露的内容真实准确完整没有虚假记载误导性陈述或重大遗漏本公司及董事会全体成员保证信息披露的内容真实准确完整没有虚假记载误导性陈述或重大遗漏本公司及董事会全体成员保证信息披露的内容真实准确完整没有虚假记载误导性陈述或重大遗漏本公司及董事会全体成员保证信息披露的内容真实准确完整没有虚假记载误导性陈述或重大遗漏本公司及董事会全体成员保证信息披露的内容真实

本公司及董事会全体成员保证信息披露的内容真实准确完整没有虚假记载误导性陈述或重大遗漏本公司及董事会全体成员保证信息披露的内容真实准确完整没有虚假记载误导性陈述或重大遗漏本公司及董事会全体成员保证信息披露的内容真实准确完整没有虚假记载误导性陈述或重大遗漏本公司及董事会全体成员保证信息披露的内容真实准确完整没有虚假记载误导性陈述或重大遗漏本公司及董事

全体成员保证信息披露的内容真实准确完整没有虚假记载误导性陈述或重大遗漏本公司及董事会全体成员保证信息披露的内容真实准确完整没有虚假记载误导性陈述或重大遗漏本公司及董事会全体成员保证信息披露的内容真实准确完整没有虚假记载误导性陈述或重大遗漏本公司及董事会全体成员保证信息披露的内容真实准确完整没有虚假记载

息披露的内容真实准确完整没有虚假记载误导性陈述或重大遗漏本公司及董事会全体成员保证信息披露的内容真实准确完整没有虚假记载误导性陈述或重大遗漏本公司及董事会全体成员保证信息披露的内容真实准确完整没有虚假记载误导性陈述或重大遗漏本公司及董事会全体成员保证信息披露的内容真实准确完整没有虚假记载误导性陈述或重大遗漏本公司及董事会全体成员保证信息披露的内容真实准确完整没有虚假记载误导

实准确完整没有虚假记载误导性陈述或重大遗漏本公司及董事会全体成员保证信息披露的内容真实准确完整没有虚假记载误导性陈述或重大遗漏本公司及董事会全体成员保证信息披露的内容真实准确完整没有虚假记载误导性陈述或重大遗漏本公司及董事会全体成员保证信息披露的内容真实准确完整没有虚假记载误导性陈述或重大遗漏本公司及董事会全体成员保证信息披露的

北京科技股份有限公司
关于公司股票交易异常波动的公告

本公司及董事会全体成员保证信息披露的内容真实准确完整没有虚假记载误导性陈述或重大遗漏本公司及董事会全体成员保证信息披露的内容真实准确完整没有虚假记载误导性陈述或重大遗漏本公司及董事会全体成员保证信息披露的内容真实准确完整没有虚假记载误导性陈述或重大遗漏本公司及董事会全体成员保证信息披露的内容真实准确

全体成员保证信息披露的内容真实准确完整没有虚假记载误导性陈述或重大遗漏本公司及董事会全体成员保证信息披露的内容真实准确完整没有虚假记载误导性陈述或重大遗漏本公司及董事会全体成员保证信息披露的内容真实准确完整没有虚假记载误导性陈述或重大遗漏本公司及董事会全体成员保证信息披露的内容真实准确完整没有虚假记载误导性陈述或重大遗漏本公司及董事会全体成员保证信息披露的内容真实准确完整

息披露的内容真实准确完整没有虚假记载误导性陈述或重大遗漏本公司及董事会全体成员保证信息披露的内容真实准确完整没有虚假记载误导性陈述或重大遗漏本公司及董事会全体成员保证信息披露的内容真实准确完整没有虚假记载误导性陈述或重大遗漏本公司及董事会全体成员保证信息披露的内容真实准确完整没有虚假记载误导性陈述或重大遗漏本公司及董事会全体成

实准确完整没有虚假记载误导性陈述或重大遗漏本公司及董事会全体成员保证信息披露的内容真实准确完整没有虚假记载误导性陈述或重大遗漏本公司及董事会全体成员保证信息披露的内容真实准确完整没有虚假记载误导性陈述或重大遗漏本公司及董事会全体成员保证信息披露的内容真实准确完整没有虚假记载误导性陈述或重大遗漏本公司及董事会全体成员保证信息披露的内容真实准确完整没有虚假记载误导性陈述或重大遗漏本公司及董事会全体成员保

虚假记载误导性陈述或重大遗漏本公司及董事会全体成员保证信息披露的内容真实准确完整没有虚假记载误导性陈述或重大遗漏本公司及董事会全体成员保证信息披露的内容真实准确完整没有虚假记载误导性陈述或重大遗漏本公司及董事会全体成员保证信息披露的内容真实准确完整没有虚假记载误导性陈述或重大遗漏本公司及董事会全体成员保证信息披露的内容真实准确完整没有虚假记载误导性陈述或

陈述或重大遗漏本公司及董事会全体成员保证信息披露的内容真实准确完整没有虚假记载误导性陈述或重大遗漏本公司及董事会全体成员保证信息披露的内容真实准确完整没有虚假记载误导性陈述或重大遗漏本公司及董事会全体成员保证信息披露的内容真实准确完整没有虚假记载误导性陈述或重大遗漏本公司及董事会全体成员保证信息披露的内容真实

本公司及董事会全体成员保证信息披露的内容真实准确完整没有虚假记载误导性陈述或重大遗漏本公司及董事会全体成员保证信息披露的内容真实准确完整没有虚假记载误导性陈述或重大遗漏本公司及董事会全体成员保证信息披露的内容真实准确完整没有虚假记载误导性陈述或重大遗漏本公司及董事会全体成员保证信息披露的内容真实准确完整没有虚假记载误导性陈述或重大遗漏本公司及董事会全体成员保证信息披露的内容真实准确

全体成员保证信息披露的内容真实准确完整没有虚假记载误导性陈述或重大遗漏本公司及董事会全体成员保证信息披露的内容真实准确完整没有虚假记载误导性陈述或重大遗漏本公司及董事会全体成员保证信息披露的内容真实准确完整没有虚假记载误导性陈述或重大遗漏本公司及董事会全体成员保证信息披露的内容真实准确完整没有虚假记载误导性陈述或重大遗漏本公司及董事会全

2016-00-00
